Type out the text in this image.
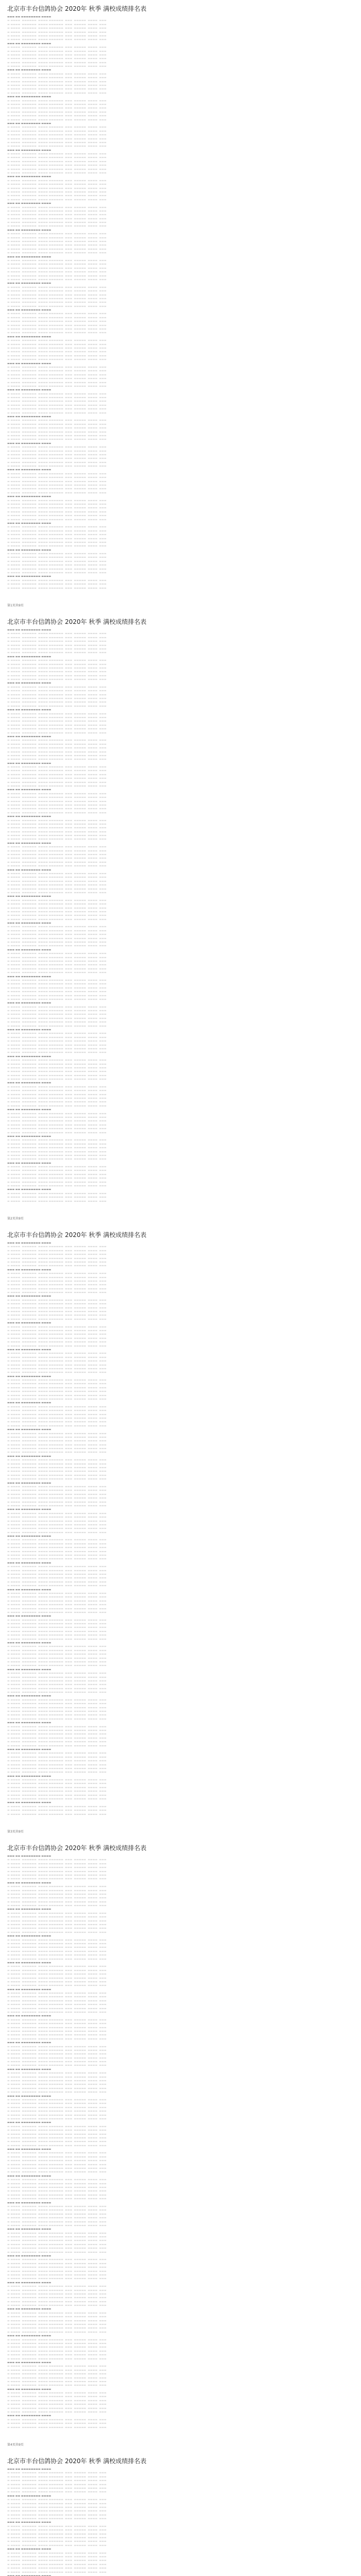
北京市丰台信鸽协会 2020年 秋季 满校成绩排名表
▬▬▬ ▬▬ ▬▬▬▬▬▬▬▬ ▬▬▬▬
▬ ▬▬▬▬  ▬▬▬▬▬▬  ▬▬▬▬ ▬▬▬▬▬▬  ▬▬▬  ▬▬▬▬▬  ▬▬▬▬  ▬▬▬
▬ ▬▬▬▬  ▬▬▬▬▬▬  ▬▬▬▬ ▬▬▬▬▬▬  ▬▬▬  ▬▬▬▬▬  ▬▬▬▬  ▬▬▬
▬ ▬▬▬▬  ▬▬▬▬▬▬  ▬▬▬▬ ▬▬▬▬▬▬  ▬▬▬  ▬▬▬▬▬  ▬▬▬▬  ▬▬▬
▬ ▬▬▬▬  ▬▬▬▬▬▬  ▬▬▬▬ ▬▬▬▬▬▬  ▬▬▬  ▬▬▬▬▬  ▬▬▬▬  ▬▬▬
▬ ▬▬▬▬  ▬▬▬▬▬▬  ▬▬▬▬ ▬▬▬▬▬▬  ▬▬▬  ▬▬▬▬▬  ▬▬▬▬  ▬▬▬
▬ ▬▬▬▬  ▬▬▬▬▬▬  ▬▬▬▬ ▬▬▬▬▬▬  ▬▬▬  ▬▬▬▬▬  ▬▬▬▬  ▬▬▬
▬▬▬ ▬▬ ▬▬▬▬▬▬▬▬ ▬▬▬▬
▬ ▬▬▬▬  ▬▬▬▬▬▬  ▬▬▬▬ ▬▬▬▬▬▬  ▬▬▬  ▬▬▬▬▬  ▬▬▬▬  ▬▬▬
▬ ▬▬▬▬  ▬▬▬▬▬▬  ▬▬▬▬ ▬▬▬▬▬▬  ▬▬▬  ▬▬▬▬▬  ▬▬▬▬  ▬▬▬
▬ ▬▬▬▬  ▬▬▬▬▬▬  ▬▬▬▬ ▬▬▬▬▬▬  ▬▬▬  ▬▬▬▬▬  ▬▬▬▬  ▬▬▬
▬ ▬▬▬▬  ▬▬▬▬▬▬  ▬▬▬▬ ▬▬▬▬▬▬  ▬▬▬  ▬▬▬▬▬  ▬▬▬▬  ▬▬▬
▬ ▬▬▬▬  ▬▬▬▬▬▬  ▬▬▬▬ ▬▬▬▬▬▬  ▬▬▬  ▬▬▬▬▬  ▬▬▬▬  ▬▬▬
▬ ▬▬▬▬  ▬▬▬▬▬▬  ▬▬▬▬ ▬▬▬▬▬▬  ▬▬▬  ▬▬▬▬▬  ▬▬▬▬  ▬▬▬
▬▬▬ ▬▬ ▬▬▬▬▬▬▬▬ ▬▬▬▬
▬ ▬▬▬▬  ▬▬▬▬▬▬  ▬▬▬▬ ▬▬▬▬▬▬  ▬▬▬  ▬▬▬▬▬  ▬▬▬▬  ▬▬▬
▬ ▬▬▬▬  ▬▬▬▬▬▬  ▬▬▬▬ ▬▬▬▬▬▬  ▬▬▬  ▬▬▬▬▬  ▬▬▬▬  ▬▬▬
▬ ▬▬▬▬  ▬▬▬▬▬▬  ▬▬▬▬ ▬▬▬▬▬▬  ▬▬▬  ▬▬▬▬▬  ▬▬▬▬  ▬▬▬
▬ ▬▬▬▬  ▬▬▬▬▬▬  ▬▬▬▬ ▬▬▬▬▬▬  ▬▬▬  ▬▬▬▬▬  ▬▬▬▬  ▬▬▬
▬ ▬▬▬▬  ▬▬▬▬▬▬  ▬▬▬▬ ▬▬▬▬▬▬  ▬▬▬  ▬▬▬▬▬  ▬▬▬▬  ▬▬▬
▬ ▬▬▬▬  ▬▬▬▬▬▬  ▬▬▬▬ ▬▬▬▬▬▬  ▬▬▬  ▬▬▬▬▬  ▬▬▬▬  ▬▬▬
▬▬▬ ▬▬ ▬▬▬▬▬▬▬▬ ▬▬▬▬
▬ ▬▬▬▬  ▬▬▬▬▬▬  ▬▬▬▬ ▬▬▬▬▬▬  ▬▬▬  ▬▬▬▬▬  ▬▬▬▬  ▬▬▬
▬ ▬▬▬▬  ▬▬▬▬▬▬  ▬▬▬▬ ▬▬▬▬▬▬  ▬▬▬  ▬▬▬▬▬  ▬▬▬▬  ▬▬▬
▬ ▬▬▬▬  ▬▬▬▬▬▬  ▬▬▬▬ ▬▬▬▬▬▬  ▬▬▬  ▬▬▬▬▬  ▬▬▬▬  ▬▬▬
▬ ▬▬▬▬  ▬▬▬▬▬▬  ▬▬▬▬ ▬▬▬▬▬▬  ▬▬▬  ▬▬▬▬▬  ▬▬▬▬  ▬▬▬
▬ ▬▬▬▬  ▬▬▬▬▬▬  ▬▬▬▬ ▬▬▬▬▬▬  ▬▬▬  ▬▬▬▬▬  ▬▬▬▬  ▬▬▬
▬ ▬▬▬▬  ▬▬▬▬▬▬  ▬▬▬▬ ▬▬▬▬▬▬  ▬▬▬  ▬▬▬▬▬  ▬▬▬▬  ▬▬▬
▬▬▬ ▬▬ ▬▬▬▬▬▬▬▬ ▬▬▬▬
▬ ▬▬▬▬  ▬▬▬▬▬▬  ▬▬▬▬ ▬▬▬▬▬▬  ▬▬▬  ▬▬▬▬▬  ▬▬▬▬  ▬▬▬
▬ ▬▬▬▬  ▬▬▬▬▬▬  ▬▬▬▬ ▬▬▬▬▬▬  ▬▬▬  ▬▬▬▬▬  ▬▬▬▬  ▬▬▬
▬ ▬▬▬▬  ▬▬▬▬▬▬  ▬▬▬▬ ▬▬▬▬▬▬  ▬▬▬  ▬▬▬▬▬  ▬▬▬▬  ▬▬▬
▬ ▬▬▬▬  ▬▬▬▬▬▬  ▬▬▬▬ ▬▬▬▬▬▬  ▬▬▬  ▬▬▬▬▬  ▬▬▬▬  ▬▬▬
▬ ▬▬▬▬  ▬▬▬▬▬▬  ▬▬▬▬ ▬▬▬▬▬▬  ▬▬▬  ▬▬▬▬▬  ▬▬▬▬  ▬▬▬
▬ ▬▬▬▬  ▬▬▬▬▬▬  ▬▬▬▬ ▬▬▬▬▬▬  ▬▬▬  ▬▬▬▬▬  ▬▬▬▬  ▬▬▬
▬▬▬ ▬▬ ▬▬▬▬▬▬▬▬ ▬▬▬▬
▬ ▬▬▬▬  ▬▬▬▬▬▬  ▬▬▬▬ ▬▬▬▬▬▬  ▬▬▬  ▬▬▬▬▬  ▬▬▬▬  ▬▬▬
▬ ▬▬▬▬  ▬▬▬▬▬▬  ▬▬▬▬ ▬▬▬▬▬▬  ▬▬▬  ▬▬▬▬▬  ▬▬▬▬  ▬▬▬
▬ ▬▬▬▬  ▬▬▬▬▬▬  ▬▬▬▬ ▬▬▬▬▬▬  ▬▬▬  ▬▬▬▬▬  ▬▬▬▬  ▬▬▬
▬ ▬▬▬▬  ▬▬▬▬▬▬  ▬▬▬▬ ▬▬▬▬▬▬  ▬▬▬  ▬▬▬▬▬  ▬▬▬▬  ▬▬▬
▬ ▬▬▬▬  ▬▬▬▬▬▬  ▬▬▬▬ ▬▬▬▬▬▬  ▬▬▬  ▬▬▬▬▬  ▬▬▬▬  ▬▬▬
▬ ▬▬▬▬  ▬▬▬▬▬▬  ▬▬▬▬ ▬▬▬▬▬▬  ▬▬▬  ▬▬▬▬▬  ▬▬▬▬  ▬▬▬
▬▬▬ ▬▬ ▬▬▬▬▬▬▬▬ ▬▬▬▬
▬ ▬▬▬▬  ▬▬▬▬▬▬  ▬▬▬▬ ▬▬▬▬▬▬  ▬▬▬  ▬▬▬▬▬  ▬▬▬▬  ▬▬▬
▬ ▬▬▬▬  ▬▬▬▬▬▬  ▬▬▬▬ ▬▬▬▬▬▬  ▬▬▬  ▬▬▬▬▬  ▬▬▬▬  ▬▬▬
▬ ▬▬▬▬  ▬▬▬▬▬▬  ▬▬▬▬ ▬▬▬▬▬▬  ▬▬▬  ▬▬▬▬▬  ▬▬▬▬  ▬▬▬
▬ ▬▬▬▬  ▬▬▬▬▬▬  ▬▬▬▬ ▬▬▬▬▬▬  ▬▬▬  ▬▬▬▬▬  ▬▬▬▬  ▬▬▬
▬ ▬▬▬▬  ▬▬▬▬▬▬  ▬▬▬▬ ▬▬▬▬▬▬  ▬▬▬  ▬▬▬▬▬  ▬▬▬▬  ▬▬▬
▬ ▬▬▬▬  ▬▬▬▬▬▬  ▬▬▬▬ ▬▬▬▬▬▬  ▬▬▬  ▬▬▬▬▬  ▬▬▬▬  ▬▬▬
▬▬▬ ▬▬ ▬▬▬▬▬▬▬▬ ▬▬▬▬
▬ ▬▬▬▬  ▬▬▬▬▬▬  ▬▬▬▬ ▬▬▬▬▬▬  ▬▬▬  ▬▬▬▬▬  ▬▬▬▬  ▬▬▬
▬ ▬▬▬▬  ▬▬▬▬▬▬  ▬▬▬▬ ▬▬▬▬▬▬  ▬▬▬  ▬▬▬▬▬  ▬▬▬▬  ▬▬▬
▬ ▬▬▬▬  ▬▬▬▬▬▬  ▬▬▬▬ ▬▬▬▬▬▬  ▬▬▬  ▬▬▬▬▬  ▬▬▬▬  ▬▬▬
▬ ▬▬▬▬  ▬▬▬▬▬▬  ▬▬▬▬ ▬▬▬▬▬▬  ▬▬▬  ▬▬▬▬▬  ▬▬▬▬  ▬▬▬
▬ ▬▬▬▬  ▬▬▬▬▬▬  ▬▬▬▬ ▬▬▬▬▬▬  ▬▬▬  ▬▬▬▬▬  ▬▬▬▬  ▬▬▬
▬ ▬▬▬▬  ▬▬▬▬▬▬  ▬▬▬▬ ▬▬▬▬▬▬  ▬▬▬  ▬▬▬▬▬  ▬▬▬▬  ▬▬▬
▬▬▬ ▬▬ ▬▬▬▬▬▬▬▬ ▬▬▬▬
▬ ▬▬▬▬  ▬▬▬▬▬▬  ▬▬▬▬ ▬▬▬▬▬▬  ▬▬▬  ▬▬▬▬▬  ▬▬▬▬  ▬▬▬
▬ ▬▬▬▬  ▬▬▬▬▬▬  ▬▬▬▬ ▬▬▬▬▬▬  ▬▬▬  ▬▬▬▬▬  ▬▬▬▬  ▬▬▬
▬ ▬▬▬▬  ▬▬▬▬▬▬  ▬▬▬▬ ▬▬▬▬▬▬  ▬▬▬  ▬▬▬▬▬  ▬▬▬▬  ▬▬▬
▬ ▬▬▬▬  ▬▬▬▬▬▬  ▬▬▬▬ ▬▬▬▬▬▬  ▬▬▬  ▬▬▬▬▬  ▬▬▬▬  ▬▬▬
▬ ▬▬▬▬  ▬▬▬▬▬▬  ▬▬▬▬ ▬▬▬▬▬▬  ▬▬▬  ▬▬▬▬▬  ▬▬▬▬  ▬▬▬
▬ ▬▬▬▬  ▬▬▬▬▬▬  ▬▬▬▬ ▬▬▬▬▬▬  ▬▬▬  ▬▬▬▬▬  ▬▬▬▬  ▬▬▬
▬▬▬ ▬▬ ▬▬▬▬▬▬▬▬ ▬▬▬▬
▬ ▬▬▬▬  ▬▬▬▬▬▬  ▬▬▬▬ ▬▬▬▬▬▬  ▬▬▬  ▬▬▬▬▬  ▬▬▬▬  ▬▬▬
▬ ▬▬▬▬  ▬▬▬▬▬▬  ▬▬▬▬ ▬▬▬▬▬▬  ▬▬▬  ▬▬▬▬▬  ▬▬▬▬  ▬▬▬
▬ ▬▬▬▬  ▬▬▬▬▬▬  ▬▬▬▬ ▬▬▬▬▬▬  ▬▬▬  ▬▬▬▬▬  ▬▬▬▬  ▬▬▬
▬ ▬▬▬▬  ▬▬▬▬▬▬  ▬▬▬▬ ▬▬▬▬▬▬  ▬▬▬  ▬▬▬▬▬  ▬▬▬▬  ▬▬▬
▬ ▬▬▬▬  ▬▬▬▬▬▬  ▬▬▬▬ ▬▬▬▬▬▬  ▬▬▬  ▬▬▬▬▬  ▬▬▬▬  ▬▬▬
▬ ▬▬▬▬  ▬▬▬▬▬▬  ▬▬▬▬ ▬▬▬▬▬▬  ▬▬▬  ▬▬▬▬▬  ▬▬▬▬  ▬▬▬
▬▬▬ ▬▬ ▬▬▬▬▬▬▬▬ ▬▬▬▬
▬ ▬▬▬▬  ▬▬▬▬▬▬  ▬▬▬▬ ▬▬▬▬▬▬  ▬▬▬  ▬▬▬▬▬  ▬▬▬▬  ▬▬▬
▬ ▬▬▬▬  ▬▬▬▬▬▬  ▬▬▬▬ ▬▬▬▬▬▬  ▬▬▬  ▬▬▬▬▬  ▬▬▬▬  ▬▬▬
▬ ▬▬▬▬  ▬▬▬▬▬▬  ▬▬▬▬ ▬▬▬▬▬▬  ▬▬▬  ▬▬▬▬▬  ▬▬▬▬  ▬▬▬
▬ ▬▬▬▬  ▬▬▬▬▬▬  ▬▬▬▬ ▬▬▬▬▬▬  ▬▬▬  ▬▬▬▬▬  ▬▬▬▬  ▬▬▬
▬ ▬▬▬▬  ▬▬▬▬▬▬  ▬▬▬▬ ▬▬▬▬▬▬  ▬▬▬  ▬▬▬▬▬  ▬▬▬▬  ▬▬▬
▬ ▬▬▬▬  ▬▬▬▬▬▬  ▬▬▬▬ ▬▬▬▬▬▬  ▬▬▬  ▬▬▬▬▬  ▬▬▬▬  ▬▬▬
▬▬▬ ▬▬ ▬▬▬▬▬▬▬▬ ▬▬▬▬
▬ ▬▬▬▬  ▬▬▬▬▬▬  ▬▬▬▬ ▬▬▬▬▬▬  ▬▬▬  ▬▬▬▬▬  ▬▬▬▬  ▬▬▬
▬ ▬▬▬▬  ▬▬▬▬▬▬  ▬▬▬▬ ▬▬▬▬▬▬  ▬▬▬  ▬▬▬▬▬  ▬▬▬▬  ▬▬▬
▬ ▬▬▬▬  ▬▬▬▬▬▬  ▬▬▬▬ ▬▬▬▬▬▬  ▬▬▬  ▬▬▬▬▬  ▬▬▬▬  ▬▬▬
▬ ▬▬▬▬  ▬▬▬▬▬▬  ▬▬▬▬ ▬▬▬▬▬▬  ▬▬▬  ▬▬▬▬▬  ▬▬▬▬  ▬▬▬
▬ ▬▬▬▬  ▬▬▬▬▬▬  ▬▬▬▬ ▬▬▬▬▬▬  ▬▬▬  ▬▬▬▬▬  ▬▬▬▬  ▬▬▬
▬ ▬▬▬▬  ▬▬▬▬▬▬  ▬▬▬▬ ▬▬▬▬▬▬  ▬▬▬  ▬▬▬▬▬  ▬▬▬▬  ▬▬▬
▬▬▬ ▬▬ ▬▬▬▬▬▬▬▬ ▬▬▬▬
▬ ▬▬▬▬  ▬▬▬▬▬▬  ▬▬▬▬ ▬▬▬▬▬▬  ▬▬▬  ▬▬▬▬▬  ▬▬▬▬  ▬▬▬
▬ ▬▬▬▬  ▬▬▬▬▬▬  ▬▬▬▬ ▬▬▬▬▬▬  ▬▬▬  ▬▬▬▬▬  ▬▬▬▬  ▬▬▬
▬ ▬▬▬▬  ▬▬▬▬▬▬  ▬▬▬▬ ▬▬▬▬▬▬  ▬▬▬  ▬▬▬▬▬  ▬▬▬▬  ▬▬▬
▬ ▬▬▬▬  ▬▬▬▬▬▬  ▬▬▬▬ ▬▬▬▬▬▬  ▬▬▬  ▬▬▬▬▬  ▬▬▬▬  ▬▬▬
▬ ▬▬▬▬  ▬▬▬▬▬▬  ▬▬▬▬ ▬▬▬▬▬▬  ▬▬▬  ▬▬▬▬▬  ▬▬▬▬  ▬▬▬
▬ ▬▬▬▬  ▬▬▬▬▬▬  ▬▬▬▬ ▬▬▬▬▬▬  ▬▬▬  ▬▬▬▬▬  ▬▬▬▬  ▬▬▬
▬▬▬ ▬▬ ▬▬▬▬▬▬▬▬ ▬▬▬▬
▬ ▬▬▬▬  ▬▬▬▬▬▬  ▬▬▬▬ ▬▬▬▬▬▬  ▬▬▬  ▬▬▬▬▬  ▬▬▬▬  ▬▬▬
▬ ▬▬▬▬  ▬▬▬▬▬▬  ▬▬▬▬ ▬▬▬▬▬▬  ▬▬▬  ▬▬▬▬▬  ▬▬▬▬  ▬▬▬
▬ ▬▬▬▬  ▬▬▬▬▬▬  ▬▬▬▬ ▬▬▬▬▬▬  ▬▬▬  ▬▬▬▬▬  ▬▬▬▬  ▬▬▬
▬ ▬▬▬▬  ▬▬▬▬▬▬  ▬▬▬▬ ▬▬▬▬▬▬  ▬▬▬  ▬▬▬▬▬  ▬▬▬▬  ▬▬▬
▬ ▬▬▬▬  ▬▬▬▬▬▬  ▬▬▬▬ ▬▬▬▬▬▬  ▬▬▬  ▬▬▬▬▬  ▬▬▬▬  ▬▬▬
▬ ▬▬▬▬  ▬▬▬▬▬▬  ▬▬▬▬ ▬▬▬▬▬▬  ▬▬▬  ▬▬▬▬▬  ▬▬▬▬  ▬▬▬
▬▬▬ ▬▬ ▬▬▬▬▬▬▬▬ ▬▬▬▬
▬ ▬▬▬▬  ▬▬▬▬▬▬  ▬▬▬▬ ▬▬▬▬▬▬  ▬▬▬  ▬▬▬▬▬  ▬▬▬▬  ▬▬▬
▬ ▬▬▬▬  ▬▬▬▬▬▬  ▬▬▬▬ ▬▬▬▬▬▬  ▬▬▬  ▬▬▬▬▬  ▬▬▬▬  ▬▬▬
▬ ▬▬▬▬  ▬▬▬▬▬▬  ▬▬▬▬ ▬▬▬▬▬▬  ▬▬▬  ▬▬▬▬▬  ▬▬▬▬  ▬▬▬
▬ ▬▬▬▬  ▬▬▬▬▬▬  ▬▬▬▬ ▬▬▬▬▬▬  ▬▬▬  ▬▬▬▬▬  ▬▬▬▬  ▬▬▬
▬ ▬▬▬▬  ▬▬▬▬▬▬  ▬▬▬▬ ▬▬▬▬▬▬  ▬▬▬  ▬▬▬▬▬  ▬▬▬▬  ▬▬▬
▬ ▬▬▬▬  ▬▬▬▬▬▬  ▬▬▬▬ ▬▬▬▬▬▬  ▬▬▬  ▬▬▬▬▬  ▬▬▬▬  ▬▬▬
▬▬▬ ▬▬ ▬▬▬▬▬▬▬▬ ▬▬▬▬
▬ ▬▬▬▬  ▬▬▬▬▬▬  ▬▬▬▬ ▬▬▬▬▬▬  ▬▬▬  ▬▬▬▬▬  ▬▬▬▬  ▬▬▬
▬ ▬▬▬▬  ▬▬▬▬▬▬  ▬▬▬▬ ▬▬▬▬▬▬  ▬▬▬  ▬▬▬▬▬  ▬▬▬▬  ▬▬▬
▬ ▬▬▬▬  ▬▬▬▬▬▬  ▬▬▬▬ ▬▬▬▬▬▬  ▬▬▬  ▬▬▬▬▬  ▬▬▬▬  ▬▬▬
▬ ▬▬▬▬  ▬▬▬▬▬▬  ▬▬▬▬ ▬▬▬▬▬▬  ▬▬▬  ▬▬▬▬▬  ▬▬▬▬  ▬▬▬
▬ ▬▬▬▬  ▬▬▬▬▬▬  ▬▬▬▬ ▬▬▬▬▬▬  ▬▬▬  ▬▬▬▬▬  ▬▬▬▬  ▬▬▬
▬ ▬▬▬▬  ▬▬▬▬▬▬  ▬▬▬▬ ▬▬▬▬▬▬  ▬▬▬  ▬▬▬▬▬  ▬▬▬▬  ▬▬▬
▬▬▬ ▬▬ ▬▬▬▬▬▬▬▬ ▬▬▬▬
▬ ▬▬▬▬  ▬▬▬▬▬▬  ▬▬▬▬ ▬▬▬▬▬▬  ▬▬▬  ▬▬▬▬▬  ▬▬▬▬  ▬▬▬
▬ ▬▬▬▬  ▬▬▬▬▬▬  ▬▬▬▬ ▬▬▬▬▬▬  ▬▬▬  ▬▬▬▬▬  ▬▬▬▬  ▬▬▬
▬ ▬▬▬▬  ▬▬▬▬▬▬  ▬▬▬▬ ▬▬▬▬▬▬  ▬▬▬  ▬▬▬▬▬  ▬▬▬▬  ▬▬▬
▬ ▬▬▬▬  ▬▬▬▬▬▬  ▬▬▬▬ ▬▬▬▬▬▬  ▬▬▬  ▬▬▬▬▬  ▬▬▬▬  ▬▬▬
▬ ▬▬▬▬  ▬▬▬▬▬▬  ▬▬▬▬ ▬▬▬▬▬▬  ▬▬▬  ▬▬▬▬▬  ▬▬▬▬  ▬▬▬
▬ ▬▬▬▬  ▬▬▬▬▬▬  ▬▬▬▬ ▬▬▬▬▬▬  ▬▬▬  ▬▬▬▬▬  ▬▬▬▬  ▬▬▬
▬▬▬ ▬▬ ▬▬▬▬▬▬▬▬ ▬▬▬▬
▬ ▬▬▬▬  ▬▬▬▬▬▬  ▬▬▬▬ ▬▬▬▬▬▬  ▬▬▬  ▬▬▬▬▬  ▬▬▬▬  ▬▬▬
▬ ▬▬▬▬  ▬▬▬▬▬▬  ▬▬▬▬ ▬▬▬▬▬▬  ▬▬▬  ▬▬▬▬▬  ▬▬▬▬  ▬▬▬
▬ ▬▬▬▬  ▬▬▬▬▬▬  ▬▬▬▬ ▬▬▬▬▬▬  ▬▬▬  ▬▬▬▬▬  ▬▬▬▬  ▬▬▬
▬ ▬▬▬▬  ▬▬▬▬▬▬  ▬▬▬▬ ▬▬▬▬▬▬  ▬▬▬  ▬▬▬▬▬  ▬▬▬▬  ▬▬▬
▬ ▬▬▬▬  ▬▬▬▬▬▬  ▬▬▬▬ ▬▬▬▬▬▬  ▬▬▬  ▬▬▬▬▬  ▬▬▬▬  ▬▬▬
▬ ▬▬▬▬  ▬▬▬▬▬▬  ▬▬▬▬ ▬▬▬▬▬▬  ▬▬▬  ▬▬▬▬▬  ▬▬▬▬  ▬▬▬
▬▬▬ ▬▬ ▬▬▬▬▬▬▬▬ ▬▬▬▬
▬ ▬▬▬▬  ▬▬▬▬▬▬  ▬▬▬▬ ▬▬▬▬▬▬  ▬▬▬  ▬▬▬▬▬  ▬▬▬▬  ▬▬▬
▬ ▬▬▬▬  ▬▬▬▬▬▬  ▬▬▬▬ ▬▬▬▬▬▬  ▬▬▬  ▬▬▬▬▬  ▬▬▬▬  ▬▬▬
▬ ▬▬▬▬  ▬▬▬▬▬▬  ▬▬▬▬ ▬▬▬▬▬▬  ▬▬▬  ▬▬▬▬▬  ▬▬▬▬  ▬▬▬
▬ ▬▬▬▬  ▬▬▬▬▬▬  ▬▬▬▬ ▬▬▬▬▬▬  ▬▬▬  ▬▬▬▬▬  ▬▬▬▬  ▬▬▬
▬ ▬▬▬▬  ▬▬▬▬▬▬  ▬▬▬▬ ▬▬▬▬▬▬  ▬▬▬  ▬▬▬▬▬  ▬▬▬▬  ▬▬▬
▬ ▬▬▬▬  ▬▬▬▬▬▬  ▬▬▬▬ ▬▬▬▬▬▬  ▬▬▬  ▬▬▬▬▬  ▬▬▬▬  ▬▬▬
▬▬▬ ▬▬ ▬▬▬▬▬▬▬▬ ▬▬▬▬
▬ ▬▬▬▬  ▬▬▬▬▬▬  ▬▬▬▬ ▬▬▬▬▬▬  ▬▬▬  ▬▬▬▬▬  ▬▬▬▬  ▬▬▬
▬ ▬▬▬▬  ▬▬▬▬▬▬  ▬▬▬▬ ▬▬▬▬▬▬  ▬▬▬  ▬▬▬▬▬  ▬▬▬▬  ▬▬▬
▬ ▬▬▬▬  ▬▬▬▬▬▬  ▬▬▬▬ ▬▬▬▬▬▬  ▬▬▬  ▬▬▬▬▬  ▬▬▬▬  ▬▬▬
▬ ▬▬▬▬  ▬▬▬▬▬▬  ▬▬▬▬ ▬▬▬▬▬▬  ▬▬▬  ▬▬▬▬▬  ▬▬▬▬  ▬▬▬
▬ ▬▬▬▬  ▬▬▬▬▬▬  ▬▬▬▬ ▬▬▬▬▬▬  ▬▬▬  ▬▬▬▬▬  ▬▬▬▬  ▬▬▬
▬ ▬▬▬▬  ▬▬▬▬▬▬  ▬▬▬▬ ▬▬▬▬▬▬  ▬▬▬  ▬▬▬▬▬  ▬▬▬▬  ▬▬▬
▬▬▬ ▬▬ ▬▬▬▬▬▬▬▬ ▬▬▬▬
▬ ▬▬▬▬  ▬▬▬▬▬▬  ▬▬▬▬ ▬▬▬▬▬▬  ▬▬▬  ▬▬▬▬▬  ▬▬▬▬  ▬▬▬
▬ ▬▬▬▬  ▬▬▬▬▬▬  ▬▬▬▬ ▬▬▬▬▬▬  ▬▬▬  ▬▬▬▬▬  ▬▬▬▬  ▬▬▬
▬ ▬▬▬▬  ▬▬▬▬▬▬  ▬▬▬▬ ▬▬▬▬▬▬  ▬▬▬  ▬▬▬▬▬  ▬▬▬▬  ▬▬▬
▬ ▬▬▬▬  ▬▬▬▬▬▬  ▬▬▬▬ ▬▬▬▬▬▬  ▬▬▬  ▬▬▬▬▬  ▬▬▬▬  ▬▬▬
▬ ▬▬▬▬  ▬▬▬▬▬▬  ▬▬▬▬ ▬▬▬▬▬▬  ▬▬▬  ▬▬▬▬▬  ▬▬▬▬  ▬▬▬
▬ ▬▬▬▬  ▬▬▬▬▬▬  ▬▬▬▬ ▬▬▬▬▬▬  ▬▬▬  ▬▬▬▬▬  ▬▬▬▬  ▬▬▬
▬▬▬ ▬▬ ▬▬▬▬▬▬▬▬ ▬▬▬▬
▬ ▬▬▬▬  ▬▬▬▬▬▬  ▬▬▬▬ ▬▬▬▬▬▬  ▬▬▬  ▬▬▬▬▬  ▬▬▬▬  ▬▬▬
▬ ▬▬▬▬  ▬▬▬▬▬▬  ▬▬▬▬ ▬▬▬▬▬▬  ▬▬▬  ▬▬▬▬▬  ▬▬▬▬  ▬▬▬
▬ ▬▬▬▬  ▬▬▬▬▬▬  ▬▬▬▬ ▬▬▬▬▬▬  ▬▬▬  ▬▬▬▬▬  ▬▬▬▬  ▬▬▬
第1页共9页
北京市丰台信鸽协会 2020年 秋季 满校成绩排名表
▬▬▬ ▬▬ ▬▬▬▬▬▬▬▬ ▬▬▬▬
▬ ▬▬▬▬  ▬▬▬▬▬▬  ▬▬▬▬ ▬▬▬▬▬▬  ▬▬▬  ▬▬▬▬▬  ▬▬▬▬  ▬▬▬
▬ ▬▬▬▬  ▬▬▬▬▬▬  ▬▬▬▬ ▬▬▬▬▬▬  ▬▬▬  ▬▬▬▬▬  ▬▬▬▬  ▬▬▬
▬ ▬▬▬▬  ▬▬▬▬▬▬  ▬▬▬▬ ▬▬▬▬▬▬  ▬▬▬  ▬▬▬▬▬  ▬▬▬▬  ▬▬▬
▬ ▬▬▬▬  ▬▬▬▬▬▬  ▬▬▬▬ ▬▬▬▬▬▬  ▬▬▬  ▬▬▬▬▬  ▬▬▬▬  ▬▬▬
▬ ▬▬▬▬  ▬▬▬▬▬▬  ▬▬▬▬ ▬▬▬▬▬▬  ▬▬▬  ▬▬▬▬▬  ▬▬▬▬  ▬▬▬
▬ ▬▬▬▬  ▬▬▬▬▬▬  ▬▬▬▬ ▬▬▬▬▬▬  ▬▬▬  ▬▬▬▬▬  ▬▬▬▬  ▬▬▬
▬▬▬ ▬▬ ▬▬▬▬▬▬▬▬ ▬▬▬▬
▬ ▬▬▬▬  ▬▬▬▬▬▬  ▬▬▬▬ ▬▬▬▬▬▬  ▬▬▬  ▬▬▬▬▬  ▬▬▬▬  ▬▬▬
▬ ▬▬▬▬  ▬▬▬▬▬▬  ▬▬▬▬ ▬▬▬▬▬▬  ▬▬▬  ▬▬▬▬▬  ▬▬▬▬  ▬▬▬
▬ ▬▬▬▬  ▬▬▬▬▬▬  ▬▬▬▬ ▬▬▬▬▬▬  ▬▬▬  ▬▬▬▬▬  ▬▬▬▬  ▬▬▬
▬ ▬▬▬▬  ▬▬▬▬▬▬  ▬▬▬▬ ▬▬▬▬▬▬  ▬▬▬  ▬▬▬▬▬  ▬▬▬▬  ▬▬▬
▬ ▬▬▬▬  ▬▬▬▬▬▬  ▬▬▬▬ ▬▬▬▬▬▬  ▬▬▬  ▬▬▬▬▬  ▬▬▬▬  ▬▬▬
▬ ▬▬▬▬  ▬▬▬▬▬▬  ▬▬▬▬ ▬▬▬▬▬▬  ▬▬▬  ▬▬▬▬▬  ▬▬▬▬  ▬▬▬
▬▬▬ ▬▬ ▬▬▬▬▬▬▬▬ ▬▬▬▬
▬ ▬▬▬▬  ▬▬▬▬▬▬  ▬▬▬▬ ▬▬▬▬▬▬  ▬▬▬  ▬▬▬▬▬  ▬▬▬▬  ▬▬▬
▬ ▬▬▬▬  ▬▬▬▬▬▬  ▬▬▬▬ ▬▬▬▬▬▬  ▬▬▬  ▬▬▬▬▬  ▬▬▬▬  ▬▬▬
▬ ▬▬▬▬  ▬▬▬▬▬▬  ▬▬▬▬ ▬▬▬▬▬▬  ▬▬▬  ▬▬▬▬▬  ▬▬▬▬  ▬▬▬
▬ ▬▬▬▬  ▬▬▬▬▬▬  ▬▬▬▬ ▬▬▬▬▬▬  ▬▬▬  ▬▬▬▬▬  ▬▬▬▬  ▬▬▬
▬ ▬▬▬▬  ▬▬▬▬▬▬  ▬▬▬▬ ▬▬▬▬▬▬  ▬▬▬  ▬▬▬▬▬  ▬▬▬▬  ▬▬▬
▬ ▬▬▬▬  ▬▬▬▬▬▬  ▬▬▬▬ ▬▬▬▬▬▬  ▬▬▬  ▬▬▬▬▬  ▬▬▬▬  ▬▬▬
▬▬▬ ▬▬ ▬▬▬▬▬▬▬▬ ▬▬▬▬
▬ ▬▬▬▬  ▬▬▬▬▬▬  ▬▬▬▬ ▬▬▬▬▬▬  ▬▬▬  ▬▬▬▬▬  ▬▬▬▬  ▬▬▬
▬ ▬▬▬▬  ▬▬▬▬▬▬  ▬▬▬▬ ▬▬▬▬▬▬  ▬▬▬  ▬▬▬▬▬  ▬▬▬▬  ▬▬▬
▬ ▬▬▬▬  ▬▬▬▬▬▬  ▬▬▬▬ ▬▬▬▬▬▬  ▬▬▬  ▬▬▬▬▬  ▬▬▬▬  ▬▬▬
▬ ▬▬▬▬  ▬▬▬▬▬▬  ▬▬▬▬ ▬▬▬▬▬▬  ▬▬▬  ▬▬▬▬▬  ▬▬▬▬  ▬▬▬
▬ ▬▬▬▬  ▬▬▬▬▬▬  ▬▬▬▬ ▬▬▬▬▬▬  ▬▬▬  ▬▬▬▬▬  ▬▬▬▬  ▬▬▬
▬ ▬▬▬▬  ▬▬▬▬▬▬  ▬▬▬▬ ▬▬▬▬▬▬  ▬▬▬  ▬▬▬▬▬  ▬▬▬▬  ▬▬▬
▬▬▬ ▬▬ ▬▬▬▬▬▬▬▬ ▬▬▬▬
▬ ▬▬▬▬  ▬▬▬▬▬▬  ▬▬▬▬ ▬▬▬▬▬▬  ▬▬▬  ▬▬▬▬▬  ▬▬▬▬  ▬▬▬
▬ ▬▬▬▬  ▬▬▬▬▬▬  ▬▬▬▬ ▬▬▬▬▬▬  ▬▬▬  ▬▬▬▬▬  ▬▬▬▬  ▬▬▬
▬ ▬▬▬▬  ▬▬▬▬▬▬  ▬▬▬▬ ▬▬▬▬▬▬  ▬▬▬  ▬▬▬▬▬  ▬▬▬▬  ▬▬▬
▬ ▬▬▬▬  ▬▬▬▬▬▬  ▬▬▬▬ ▬▬▬▬▬▬  ▬▬▬  ▬▬▬▬▬  ▬▬▬▬  ▬▬▬
▬ ▬▬▬▬  ▬▬▬▬▬▬  ▬▬▬▬ ▬▬▬▬▬▬  ▬▬▬  ▬▬▬▬▬  ▬▬▬▬  ▬▬▬
▬ ▬▬▬▬  ▬▬▬▬▬▬  ▬▬▬▬ ▬▬▬▬▬▬  ▬▬▬  ▬▬▬▬▬  ▬▬▬▬  ▬▬▬
▬▬▬ ▬▬ ▬▬▬▬▬▬▬▬ ▬▬▬▬
▬ ▬▬▬▬  ▬▬▬▬▬▬  ▬▬▬▬ ▬▬▬▬▬▬  ▬▬▬  ▬▬▬▬▬  ▬▬▬▬  ▬▬▬
▬ ▬▬▬▬  ▬▬▬▬▬▬  ▬▬▬▬ ▬▬▬▬▬▬  ▬▬▬  ▬▬▬▬▬  ▬▬▬▬  ▬▬▬
▬ ▬▬▬▬  ▬▬▬▬▬▬  ▬▬▬▬ ▬▬▬▬▬▬  ▬▬▬  ▬▬▬▬▬  ▬▬▬▬  ▬▬▬
▬ ▬▬▬▬  ▬▬▬▬▬▬  ▬▬▬▬ ▬▬▬▬▬▬  ▬▬▬  ▬▬▬▬▬  ▬▬▬▬  ▬▬▬
▬ ▬▬▬▬  ▬▬▬▬▬▬  ▬▬▬▬ ▬▬▬▬▬▬  ▬▬▬  ▬▬▬▬▬  ▬▬▬▬  ▬▬▬
▬ ▬▬▬▬  ▬▬▬▬▬▬  ▬▬▬▬ ▬▬▬▬▬▬  ▬▬▬  ▬▬▬▬▬  ▬▬▬▬  ▬▬▬
▬▬▬ ▬▬ ▬▬▬▬▬▬▬▬ ▬▬▬▬
▬ ▬▬▬▬  ▬▬▬▬▬▬  ▬▬▬▬ ▬▬▬▬▬▬  ▬▬▬  ▬▬▬▬▬  ▬▬▬▬  ▬▬▬
▬ ▬▬▬▬  ▬▬▬▬▬▬  ▬▬▬▬ ▬▬▬▬▬▬  ▬▬▬  ▬▬▬▬▬  ▬▬▬▬  ▬▬▬
▬ ▬▬▬▬  ▬▬▬▬▬▬  ▬▬▬▬ ▬▬▬▬▬▬  ▬▬▬  ▬▬▬▬▬  ▬▬▬▬  ▬▬▬
▬ ▬▬▬▬  ▬▬▬▬▬▬  ▬▬▬▬ ▬▬▬▬▬▬  ▬▬▬  ▬▬▬▬▬  ▬▬▬▬  ▬▬▬
▬ ▬▬▬▬  ▬▬▬▬▬▬  ▬▬▬▬ ▬▬▬▬▬▬  ▬▬▬  ▬▬▬▬▬  ▬▬▬▬  ▬▬▬
▬ ▬▬▬▬  ▬▬▬▬▬▬  ▬▬▬▬ ▬▬▬▬▬▬  ▬▬▬  ▬▬▬▬▬  ▬▬▬▬  ▬▬▬
▬▬▬ ▬▬ ▬▬▬▬▬▬▬▬ ▬▬▬▬
▬ ▬▬▬▬  ▬▬▬▬▬▬  ▬▬▬▬ ▬▬▬▬▬▬  ▬▬▬  ▬▬▬▬▬  ▬▬▬▬  ▬▬▬
▬ ▬▬▬▬  ▬▬▬▬▬▬  ▬▬▬▬ ▬▬▬▬▬▬  ▬▬▬  ▬▬▬▬▬  ▬▬▬▬  ▬▬▬
▬ ▬▬▬▬  ▬▬▬▬▬▬  ▬▬▬▬ ▬▬▬▬▬▬  ▬▬▬  ▬▬▬▬▬  ▬▬▬▬  ▬▬▬
▬ ▬▬▬▬  ▬▬▬▬▬▬  ▬▬▬▬ ▬▬▬▬▬▬  ▬▬▬  ▬▬▬▬▬  ▬▬▬▬  ▬▬▬
▬ ▬▬▬▬  ▬▬▬▬▬▬  ▬▬▬▬ ▬▬▬▬▬▬  ▬▬▬  ▬▬▬▬▬  ▬▬▬▬  ▬▬▬
▬ ▬▬▬▬  ▬▬▬▬▬▬  ▬▬▬▬ ▬▬▬▬▬▬  ▬▬▬  ▬▬▬▬▬  ▬▬▬▬  ▬▬▬
▬▬▬ ▬▬ ▬▬▬▬▬▬▬▬ ▬▬▬▬
▬ ▬▬▬▬  ▬▬▬▬▬▬  ▬▬▬▬ ▬▬▬▬▬▬  ▬▬▬  ▬▬▬▬▬  ▬▬▬▬  ▬▬▬
▬ ▬▬▬▬  ▬▬▬▬▬▬  ▬▬▬▬ ▬▬▬▬▬▬  ▬▬▬  ▬▬▬▬▬  ▬▬▬▬  ▬▬▬
▬ ▬▬▬▬  ▬▬▬▬▬▬  ▬▬▬▬ ▬▬▬▬▬▬  ▬▬▬  ▬▬▬▬▬  ▬▬▬▬  ▬▬▬
▬ ▬▬▬▬  ▬▬▬▬▬▬  ▬▬▬▬ ▬▬▬▬▬▬  ▬▬▬  ▬▬▬▬▬  ▬▬▬▬  ▬▬▬
▬ ▬▬▬▬  ▬▬▬▬▬▬  ▬▬▬▬ ▬▬▬▬▬▬  ▬▬▬  ▬▬▬▬▬  ▬▬▬▬  ▬▬▬
▬ ▬▬▬▬  ▬▬▬▬▬▬  ▬▬▬▬ ▬▬▬▬▬▬  ▬▬▬  ▬▬▬▬▬  ▬▬▬▬  ▬▬▬
▬▬▬ ▬▬ ▬▬▬▬▬▬▬▬ ▬▬▬▬
▬ ▬▬▬▬  ▬▬▬▬▬▬  ▬▬▬▬ ▬▬▬▬▬▬  ▬▬▬  ▬▬▬▬▬  ▬▬▬▬  ▬▬▬
▬ ▬▬▬▬  ▬▬▬▬▬▬  ▬▬▬▬ ▬▬▬▬▬▬  ▬▬▬  ▬▬▬▬▬  ▬▬▬▬  ▬▬▬
▬ ▬▬▬▬  ▬▬▬▬▬▬  ▬▬▬▬ ▬▬▬▬▬▬  ▬▬▬  ▬▬▬▬▬  ▬▬▬▬  ▬▬▬
▬ ▬▬▬▬  ▬▬▬▬▬▬  ▬▬▬▬ ▬▬▬▬▬▬  ▬▬▬  ▬▬▬▬▬  ▬▬▬▬  ▬▬▬
▬ ▬▬▬▬  ▬▬▬▬▬▬  ▬▬▬▬ ▬▬▬▬▬▬  ▬▬▬  ▬▬▬▬▬  ▬▬▬▬  ▬▬▬
▬ ▬▬▬▬  ▬▬▬▬▬▬  ▬▬▬▬ ▬▬▬▬▬▬  ▬▬▬  ▬▬▬▬▬  ▬▬▬▬  ▬▬▬
▬▬▬ ▬▬ ▬▬▬▬▬▬▬▬ ▬▬▬▬
▬ ▬▬▬▬  ▬▬▬▬▬▬  ▬▬▬▬ ▬▬▬▬▬▬  ▬▬▬  ▬▬▬▬▬  ▬▬▬▬  ▬▬▬
▬ ▬▬▬▬  ▬▬▬▬▬▬  ▬▬▬▬ ▬▬▬▬▬▬  ▬▬▬  ▬▬▬▬▬  ▬▬▬▬  ▬▬▬
▬ ▬▬▬▬  ▬▬▬▬▬▬  ▬▬▬▬ ▬▬▬▬▬▬  ▬▬▬  ▬▬▬▬▬  ▬▬▬▬  ▬▬▬
▬ ▬▬▬▬  ▬▬▬▬▬▬  ▬▬▬▬ ▬▬▬▬▬▬  ▬▬▬  ▬▬▬▬▬  ▬▬▬▬  ▬▬▬
▬ ▬▬▬▬  ▬▬▬▬▬▬  ▬▬▬▬ ▬▬▬▬▬▬  ▬▬▬  ▬▬▬▬▬  ▬▬▬▬  ▬▬▬
▬ ▬▬▬▬  ▬▬▬▬▬▬  ▬▬▬▬ ▬▬▬▬▬▬  ▬▬▬  ▬▬▬▬▬  ▬▬▬▬  ▬▬▬
▬▬▬ ▬▬ ▬▬▬▬▬▬▬▬ ▬▬▬▬
▬ ▬▬▬▬  ▬▬▬▬▬▬  ▬▬▬▬ ▬▬▬▬▬▬  ▬▬▬  ▬▬▬▬▬  ▬▬▬▬  ▬▬▬
▬ ▬▬▬▬  ▬▬▬▬▬▬  ▬▬▬▬ ▬▬▬▬▬▬  ▬▬▬  ▬▬▬▬▬  ▬▬▬▬  ▬▬▬
▬ ▬▬▬▬  ▬▬▬▬▬▬  ▬▬▬▬ ▬▬▬▬▬▬  ▬▬▬  ▬▬▬▬▬  ▬▬▬▬  ▬▬▬
▬ ▬▬▬▬  ▬▬▬▬▬▬  ▬▬▬▬ ▬▬▬▬▬▬  ▬▬▬  ▬▬▬▬▬  ▬▬▬▬  ▬▬▬
▬ ▬▬▬▬  ▬▬▬▬▬▬  ▬▬▬▬ ▬▬▬▬▬▬  ▬▬▬  ▬▬▬▬▬  ▬▬▬▬  ▬▬▬
▬ ▬▬▬▬  ▬▬▬▬▬▬  ▬▬▬▬ ▬▬▬▬▬▬  ▬▬▬  ▬▬▬▬▬  ▬▬▬▬  ▬▬▬
▬▬▬ ▬▬ ▬▬▬▬▬▬▬▬ ▬▬▬▬
▬ ▬▬▬▬  ▬▬▬▬▬▬  ▬▬▬▬ ▬▬▬▬▬▬  ▬▬▬  ▬▬▬▬▬  ▬▬▬▬  ▬▬▬
▬ ▬▬▬▬  ▬▬▬▬▬▬  ▬▬▬▬ ▬▬▬▬▬▬  ▬▬▬  ▬▬▬▬▬  ▬▬▬▬  ▬▬▬
▬ ▬▬▬▬  ▬▬▬▬▬▬  ▬▬▬▬ ▬▬▬▬▬▬  ▬▬▬  ▬▬▬▬▬  ▬▬▬▬  ▬▬▬
▬ ▬▬▬▬  ▬▬▬▬▬▬  ▬▬▬▬ ▬▬▬▬▬▬  ▬▬▬  ▬▬▬▬▬  ▬▬▬▬  ▬▬▬
▬ ▬▬▬▬  ▬▬▬▬▬▬  ▬▬▬▬ ▬▬▬▬▬▬  ▬▬▬  ▬▬▬▬▬  ▬▬▬▬  ▬▬▬
▬ ▬▬▬▬  ▬▬▬▬▬▬  ▬▬▬▬ ▬▬▬▬▬▬  ▬▬▬  ▬▬▬▬▬  ▬▬▬▬  ▬▬▬
▬▬▬ ▬▬ ▬▬▬▬▬▬▬▬ ▬▬▬▬
▬ ▬▬▬▬  ▬▬▬▬▬▬  ▬▬▬▬ ▬▬▬▬▬▬  ▬▬▬  ▬▬▬▬▬  ▬▬▬▬  ▬▬▬
▬ ▬▬▬▬  ▬▬▬▬▬▬  ▬▬▬▬ ▬▬▬▬▬▬  ▬▬▬  ▬▬▬▬▬  ▬▬▬▬  ▬▬▬
▬ ▬▬▬▬  ▬▬▬▬▬▬  ▬▬▬▬ ▬▬▬▬▬▬  ▬▬▬  ▬▬▬▬▬  ▬▬▬▬  ▬▬▬
▬ ▬▬▬▬  ▬▬▬▬▬▬  ▬▬▬▬ ▬▬▬▬▬▬  ▬▬▬  ▬▬▬▬▬  ▬▬▬▬  ▬▬▬
▬ ▬▬▬▬  ▬▬▬▬▬▬  ▬▬▬▬ ▬▬▬▬▬▬  ▬▬▬  ▬▬▬▬▬  ▬▬▬▬  ▬▬▬
▬ ▬▬▬▬  ▬▬▬▬▬▬  ▬▬▬▬ ▬▬▬▬▬▬  ▬▬▬  ▬▬▬▬▬  ▬▬▬▬  ▬▬▬
▬▬▬ ▬▬ ▬▬▬▬▬▬▬▬ ▬▬▬▬
▬ ▬▬▬▬  ▬▬▬▬▬▬  ▬▬▬▬ ▬▬▬▬▬▬  ▬▬▬  ▬▬▬▬▬  ▬▬▬▬  ▬▬▬
▬ ▬▬▬▬  ▬▬▬▬▬▬  ▬▬▬▬ ▬▬▬▬▬▬  ▬▬▬  ▬▬▬▬▬  ▬▬▬▬  ▬▬▬
▬ ▬▬▬▬  ▬▬▬▬▬▬  ▬▬▬▬ ▬▬▬▬▬▬  ▬▬▬  ▬▬▬▬▬  ▬▬▬▬  ▬▬▬
▬ ▬▬▬▬  ▬▬▬▬▬▬  ▬▬▬▬ ▬▬▬▬▬▬  ▬▬▬  ▬▬▬▬▬  ▬▬▬▬  ▬▬▬
▬ ▬▬▬▬  ▬▬▬▬▬▬  ▬▬▬▬ ▬▬▬▬▬▬  ▬▬▬  ▬▬▬▬▬  ▬▬▬▬  ▬▬▬
▬ ▬▬▬▬  ▬▬▬▬▬▬  ▬▬▬▬ ▬▬▬▬▬▬  ▬▬▬  ▬▬▬▬▬  ▬▬▬▬  ▬▬▬
▬▬▬ ▬▬ ▬▬▬▬▬▬▬▬ ▬▬▬▬
▬ ▬▬▬▬  ▬▬▬▬▬▬  ▬▬▬▬ ▬▬▬▬▬▬  ▬▬▬  ▬▬▬▬▬  ▬▬▬▬  ▬▬▬
▬ ▬▬▬▬  ▬▬▬▬▬▬  ▬▬▬▬ ▬▬▬▬▬▬  ▬▬▬  ▬▬▬▬▬  ▬▬▬▬  ▬▬▬
▬ ▬▬▬▬  ▬▬▬▬▬▬  ▬▬▬▬ ▬▬▬▬▬▬  ▬▬▬  ▬▬▬▬▬  ▬▬▬▬  ▬▬▬
▬ ▬▬▬▬  ▬▬▬▬▬▬  ▬▬▬▬ ▬▬▬▬▬▬  ▬▬▬  ▬▬▬▬▬  ▬▬▬▬  ▬▬▬
▬ ▬▬▬▬  ▬▬▬▬▬▬  ▬▬▬▬ ▬▬▬▬▬▬  ▬▬▬  ▬▬▬▬▬  ▬▬▬▬  ▬▬▬
▬ ▬▬▬▬  ▬▬▬▬▬▬  ▬▬▬▬ ▬▬▬▬▬▬  ▬▬▬  ▬▬▬▬▬  ▬▬▬▬  ▬▬▬
▬▬▬ ▬▬ ▬▬▬▬▬▬▬▬ ▬▬▬▬
▬ ▬▬▬▬  ▬▬▬▬▬▬  ▬▬▬▬ ▬▬▬▬▬▬  ▬▬▬  ▬▬▬▬▬  ▬▬▬▬  ▬▬▬
▬ ▬▬▬▬  ▬▬▬▬▬▬  ▬▬▬▬ ▬▬▬▬▬▬  ▬▬▬  ▬▬▬▬▬  ▬▬▬▬  ▬▬▬
▬ ▬▬▬▬  ▬▬▬▬▬▬  ▬▬▬▬ ▬▬▬▬▬▬  ▬▬▬  ▬▬▬▬▬  ▬▬▬▬  ▬▬▬
▬ ▬▬▬▬  ▬▬▬▬▬▬  ▬▬▬▬ ▬▬▬▬▬▬  ▬▬▬  ▬▬▬▬▬  ▬▬▬▬  ▬▬▬
▬ ▬▬▬▬  ▬▬▬▬▬▬  ▬▬▬▬ ▬▬▬▬▬▬  ▬▬▬  ▬▬▬▬▬  ▬▬▬▬  ▬▬▬
▬ ▬▬▬▬  ▬▬▬▬▬▬  ▬▬▬▬ ▬▬▬▬▬▬  ▬▬▬  ▬▬▬▬▬  ▬▬▬▬  ▬▬▬
▬▬▬ ▬▬ ▬▬▬▬▬▬▬▬ ▬▬▬▬
▬ ▬▬▬▬  ▬▬▬▬▬▬  ▬▬▬▬ ▬▬▬▬▬▬  ▬▬▬  ▬▬▬▬▬  ▬▬▬▬  ▬▬▬
▬ ▬▬▬▬  ▬▬▬▬▬▬  ▬▬▬▬ ▬▬▬▬▬▬  ▬▬▬  ▬▬▬▬▬  ▬▬▬▬  ▬▬▬
▬ ▬▬▬▬  ▬▬▬▬▬▬  ▬▬▬▬ ▬▬▬▬▬▬  ▬▬▬  ▬▬▬▬▬  ▬▬▬▬  ▬▬▬
▬ ▬▬▬▬  ▬▬▬▬▬▬  ▬▬▬▬ ▬▬▬▬▬▬  ▬▬▬  ▬▬▬▬▬  ▬▬▬▬  ▬▬▬
▬ ▬▬▬▬  ▬▬▬▬▬▬  ▬▬▬▬ ▬▬▬▬▬▬  ▬▬▬  ▬▬▬▬▬  ▬▬▬▬  ▬▬▬
▬ ▬▬▬▬  ▬▬▬▬▬▬  ▬▬▬▬ ▬▬▬▬▬▬  ▬▬▬  ▬▬▬▬▬  ▬▬▬▬  ▬▬▬
▬▬▬ ▬▬ ▬▬▬▬▬▬▬▬ ▬▬▬▬
▬ ▬▬▬▬  ▬▬▬▬▬▬  ▬▬▬▬ ▬▬▬▬▬▬  ▬▬▬  ▬▬▬▬▬  ▬▬▬▬  ▬▬▬
▬ ▬▬▬▬  ▬▬▬▬▬▬  ▬▬▬▬ ▬▬▬▬▬▬  ▬▬▬  ▬▬▬▬▬  ▬▬▬▬  ▬▬▬
▬ ▬▬▬▬  ▬▬▬▬▬▬  ▬▬▬▬ ▬▬▬▬▬▬  ▬▬▬  ▬▬▬▬▬  ▬▬▬▬  ▬▬▬
▬ ▬▬▬▬  ▬▬▬▬▬▬  ▬▬▬▬ ▬▬▬▬▬▬  ▬▬▬  ▬▬▬▬▬  ▬▬▬▬  ▬▬▬
▬ ▬▬▬▬  ▬▬▬▬▬▬  ▬▬▬▬ ▬▬▬▬▬▬  ▬▬▬  ▬▬▬▬▬  ▬▬▬▬  ▬▬▬
▬ ▬▬▬▬  ▬▬▬▬▬▬  ▬▬▬▬ ▬▬▬▬▬▬  ▬▬▬  ▬▬▬▬▬  ▬▬▬▬  ▬▬▬
▬▬▬ ▬▬ ▬▬▬▬▬▬▬▬ ▬▬▬▬
▬ ▬▬▬▬  ▬▬▬▬▬▬  ▬▬▬▬ ▬▬▬▬▬▬  ▬▬▬  ▬▬▬▬▬  ▬▬▬▬  ▬▬▬
▬ ▬▬▬▬  ▬▬▬▬▬▬  ▬▬▬▬ ▬▬▬▬▬▬  ▬▬▬  ▬▬▬▬▬  ▬▬▬▬  ▬▬▬
▬ ▬▬▬▬  ▬▬▬▬▬▬  ▬▬▬▬ ▬▬▬▬▬▬  ▬▬▬  ▬▬▬▬▬  ▬▬▬▬  ▬▬▬
▬ ▬▬▬▬  ▬▬▬▬▬▬  ▬▬▬▬ ▬▬▬▬▬▬  ▬▬▬  ▬▬▬▬▬  ▬▬▬▬  ▬▬▬
▬ ▬▬▬▬  ▬▬▬▬▬▬  ▬▬▬▬ ▬▬▬▬▬▬  ▬▬▬  ▬▬▬▬▬  ▬▬▬▬  ▬▬▬
▬ ▬▬▬▬  ▬▬▬▬▬▬  ▬▬▬▬ ▬▬▬▬▬▬  ▬▬▬  ▬▬▬▬▬  ▬▬▬▬  ▬▬▬
▬▬▬ ▬▬ ▬▬▬▬▬▬▬▬ ▬▬▬▬
▬ ▬▬▬▬  ▬▬▬▬▬▬  ▬▬▬▬ ▬▬▬▬▬▬  ▬▬▬  ▬▬▬▬▬  ▬▬▬▬  ▬▬▬
▬ ▬▬▬▬  ▬▬▬▬▬▬  ▬▬▬▬ ▬▬▬▬▬▬  ▬▬▬  ▬▬▬▬▬  ▬▬▬▬  ▬▬▬
▬ ▬▬▬▬  ▬▬▬▬▬▬  ▬▬▬▬ ▬▬▬▬▬▬  ▬▬▬  ▬▬▬▬▬  ▬▬▬▬  ▬▬▬
▬ ▬▬▬▬  ▬▬▬▬▬▬  ▬▬▬▬ ▬▬▬▬▬▬  ▬▬▬  ▬▬▬▬▬  ▬▬▬▬  ▬▬▬
▬ ▬▬▬▬  ▬▬▬▬▬▬  ▬▬▬▬ ▬▬▬▬▬▬  ▬▬▬  ▬▬▬▬▬  ▬▬▬▬  ▬▬▬
▬ ▬▬▬▬  ▬▬▬▬▬▬  ▬▬▬▬ ▬▬▬▬▬▬  ▬▬▬  ▬▬▬▬▬  ▬▬▬▬  ▬▬▬
▬▬▬ ▬▬ ▬▬▬▬▬▬▬▬ ▬▬▬▬
▬ ▬▬▬▬  ▬▬▬▬▬▬  ▬▬▬▬ ▬▬▬▬▬▬  ▬▬▬  ▬▬▬▬▬  ▬▬▬▬  ▬▬▬
▬ ▬▬▬▬  ▬▬▬▬▬▬  ▬▬▬▬ ▬▬▬▬▬▬  ▬▬▬  ▬▬▬▬▬  ▬▬▬▬  ▬▬▬
▬ ▬▬▬▬  ▬▬▬▬▬▬  ▬▬▬▬ ▬▬▬▬▬▬  ▬▬▬  ▬▬▬▬▬  ▬▬▬▬  ▬▬▬
第2页共9页
北京市丰台信鸽协会 2020年 秋季 满校成绩排名表
▬▬▬ ▬▬ ▬▬▬▬▬▬▬▬ ▬▬▬▬
▬ ▬▬▬▬  ▬▬▬▬▬▬  ▬▬▬▬ ▬▬▬▬▬▬  ▬▬▬  ▬▬▬▬▬  ▬▬▬▬  ▬▬▬
▬ ▬▬▬▬  ▬▬▬▬▬▬  ▬▬▬▬ ▬▬▬▬▬▬  ▬▬▬  ▬▬▬▬▬  ▬▬▬▬  ▬▬▬
▬ ▬▬▬▬  ▬▬▬▬▬▬  ▬▬▬▬ ▬▬▬▬▬▬  ▬▬▬  ▬▬▬▬▬  ▬▬▬▬  ▬▬▬
▬ ▬▬▬▬  ▬▬▬▬▬▬  ▬▬▬▬ ▬▬▬▬▬▬  ▬▬▬  ▬▬▬▬▬  ▬▬▬▬  ▬▬▬
▬ ▬▬▬▬  ▬▬▬▬▬▬  ▬▬▬▬ ▬▬▬▬▬▬  ▬▬▬  ▬▬▬▬▬  ▬▬▬▬  ▬▬▬
▬ ▬▬▬▬  ▬▬▬▬▬▬  ▬▬▬▬ ▬▬▬▬▬▬  ▬▬▬  ▬▬▬▬▬  ▬▬▬▬  ▬▬▬
▬▬▬ ▬▬ ▬▬▬▬▬▬▬▬ ▬▬▬▬
▬ ▬▬▬▬  ▬▬▬▬▬▬  ▬▬▬▬ ▬▬▬▬▬▬  ▬▬▬  ▬▬▬▬▬  ▬▬▬▬  ▬▬▬
▬ ▬▬▬▬  ▬▬▬▬▬▬  ▬▬▬▬ ▬▬▬▬▬▬  ▬▬▬  ▬▬▬▬▬  ▬▬▬▬  ▬▬▬
▬ ▬▬▬▬  ▬▬▬▬▬▬  ▬▬▬▬ ▬▬▬▬▬▬  ▬▬▬  ▬▬▬▬▬  ▬▬▬▬  ▬▬▬
▬ ▬▬▬▬  ▬▬▬▬▬▬  ▬▬▬▬ ▬▬▬▬▬▬  ▬▬▬  ▬▬▬▬▬  ▬▬▬▬  ▬▬▬
▬ ▬▬▬▬  ▬▬▬▬▬▬  ▬▬▬▬ ▬▬▬▬▬▬  ▬▬▬  ▬▬▬▬▬  ▬▬▬▬  ▬▬▬
▬ ▬▬▬▬  ▬▬▬▬▬▬  ▬▬▬▬ ▬▬▬▬▬▬  ▬▬▬  ▬▬▬▬▬  ▬▬▬▬  ▬▬▬
▬▬▬ ▬▬ ▬▬▬▬▬▬▬▬ ▬▬▬▬
▬ ▬▬▬▬  ▬▬▬▬▬▬  ▬▬▬▬ ▬▬▬▬▬▬  ▬▬▬  ▬▬▬▬▬  ▬▬▬▬  ▬▬▬
▬ ▬▬▬▬  ▬▬▬▬▬▬  ▬▬▬▬ ▬▬▬▬▬▬  ▬▬▬  ▬▬▬▬▬  ▬▬▬▬  ▬▬▬
▬ ▬▬▬▬  ▬▬▬▬▬▬  ▬▬▬▬ ▬▬▬▬▬▬  ▬▬▬  ▬▬▬▬▬  ▬▬▬▬  ▬▬▬
▬ ▬▬▬▬  ▬▬▬▬▬▬  ▬▬▬▬ ▬▬▬▬▬▬  ▬▬▬  ▬▬▬▬▬  ▬▬▬▬  ▬▬▬
▬ ▬▬▬▬  ▬▬▬▬▬▬  ▬▬▬▬ ▬▬▬▬▬▬  ▬▬▬  ▬▬▬▬▬  ▬▬▬▬  ▬▬▬
▬ ▬▬▬▬  ▬▬▬▬▬▬  ▬▬▬▬ ▬▬▬▬▬▬  ▬▬▬  ▬▬▬▬▬  ▬▬▬▬  ▬▬▬
▬▬▬ ▬▬ ▬▬▬▬▬▬▬▬ ▬▬▬▬
▬ ▬▬▬▬  ▬▬▬▬▬▬  ▬▬▬▬ ▬▬▬▬▬▬  ▬▬▬  ▬▬▬▬▬  ▬▬▬▬  ▬▬▬
▬ ▬▬▬▬  ▬▬▬▬▬▬  ▬▬▬▬ ▬▬▬▬▬▬  ▬▬▬  ▬▬▬▬▬  ▬▬▬▬  ▬▬▬
▬ ▬▬▬▬  ▬▬▬▬▬▬  ▬▬▬▬ ▬▬▬▬▬▬  ▬▬▬  ▬▬▬▬▬  ▬▬▬▬  ▬▬▬
▬ ▬▬▬▬  ▬▬▬▬▬▬  ▬▬▬▬ ▬▬▬▬▬▬  ▬▬▬  ▬▬▬▬▬  ▬▬▬▬  ▬▬▬
▬ ▬▬▬▬  ▬▬▬▬▬▬  ▬▬▬▬ ▬▬▬▬▬▬  ▬▬▬  ▬▬▬▬▬  ▬▬▬▬  ▬▬▬
▬ ▬▬▬▬  ▬▬▬▬▬▬  ▬▬▬▬ ▬▬▬▬▬▬  ▬▬▬  ▬▬▬▬▬  ▬▬▬▬  ▬▬▬
▬▬▬ ▬▬ ▬▬▬▬▬▬▬▬ ▬▬▬▬
▬ ▬▬▬▬  ▬▬▬▬▬▬  ▬▬▬▬ ▬▬▬▬▬▬  ▬▬▬  ▬▬▬▬▬  ▬▬▬▬  ▬▬▬
▬ ▬▬▬▬  ▬▬▬▬▬▬  ▬▬▬▬ ▬▬▬▬▬▬  ▬▬▬  ▬▬▬▬▬  ▬▬▬▬  ▬▬▬
▬ ▬▬▬▬  ▬▬▬▬▬▬  ▬▬▬▬ ▬▬▬▬▬▬  ▬▬▬  ▬▬▬▬▬  ▬▬▬▬  ▬▬▬
▬ ▬▬▬▬  ▬▬▬▬▬▬  ▬▬▬▬ ▬▬▬▬▬▬  ▬▬▬  ▬▬▬▬▬  ▬▬▬▬  ▬▬▬
▬ ▬▬▬▬  ▬▬▬▬▬▬  ▬▬▬▬ ▬▬▬▬▬▬  ▬▬▬  ▬▬▬▬▬  ▬▬▬▬  ▬▬▬
▬ ▬▬▬▬  ▬▬▬▬▬▬  ▬▬▬▬ ▬▬▬▬▬▬  ▬▬▬  ▬▬▬▬▬  ▬▬▬▬  ▬▬▬
▬▬▬ ▬▬ ▬▬▬▬▬▬▬▬ ▬▬▬▬
▬ ▬▬▬▬  ▬▬▬▬▬▬  ▬▬▬▬ ▬▬▬▬▬▬  ▬▬▬  ▬▬▬▬▬  ▬▬▬▬  ▬▬▬
▬ ▬▬▬▬  ▬▬▬▬▬▬  ▬▬▬▬ ▬▬▬▬▬▬  ▬▬▬  ▬▬▬▬▬  ▬▬▬▬  ▬▬▬
▬ ▬▬▬▬  ▬▬▬▬▬▬  ▬▬▬▬ ▬▬▬▬▬▬  ▬▬▬  ▬▬▬▬▬  ▬▬▬▬  ▬▬▬
▬ ▬▬▬▬  ▬▬▬▬▬▬  ▬▬▬▬ ▬▬▬▬▬▬  ▬▬▬  ▬▬▬▬▬  ▬▬▬▬  ▬▬▬
▬ ▬▬▬▬  ▬▬▬▬▬▬  ▬▬▬▬ ▬▬▬▬▬▬  ▬▬▬  ▬▬▬▬▬  ▬▬▬▬  ▬▬▬
▬ ▬▬▬▬  ▬▬▬▬▬▬  ▬▬▬▬ ▬▬▬▬▬▬  ▬▬▬  ▬▬▬▬▬  ▬▬▬▬  ▬▬▬
▬▬▬ ▬▬ ▬▬▬▬▬▬▬▬ ▬▬▬▬
▬ ▬▬▬▬  ▬▬▬▬▬▬  ▬▬▬▬ ▬▬▬▬▬▬  ▬▬▬  ▬▬▬▬▬  ▬▬▬▬  ▬▬▬
▬ ▬▬▬▬  ▬▬▬▬▬▬  ▬▬▬▬ ▬▬▬▬▬▬  ▬▬▬  ▬▬▬▬▬  ▬▬▬▬  ▬▬▬
▬ ▬▬▬▬  ▬▬▬▬▬▬  ▬▬▬▬ ▬▬▬▬▬▬  ▬▬▬  ▬▬▬▬▬  ▬▬▬▬  ▬▬▬
▬ ▬▬▬▬  ▬▬▬▬▬▬  ▬▬▬▬ ▬▬▬▬▬▬  ▬▬▬  ▬▬▬▬▬  ▬▬▬▬  ▬▬▬
▬ ▬▬▬▬  ▬▬▬▬▬▬  ▬▬▬▬ ▬▬▬▬▬▬  ▬▬▬  ▬▬▬▬▬  ▬▬▬▬  ▬▬▬
▬ ▬▬▬▬  ▬▬▬▬▬▬  ▬▬▬▬ ▬▬▬▬▬▬  ▬▬▬  ▬▬▬▬▬  ▬▬▬▬  ▬▬▬
▬▬▬ ▬▬ ▬▬▬▬▬▬▬▬ ▬▬▬▬
▬ ▬▬▬▬  ▬▬▬▬▬▬  ▬▬▬▬ ▬▬▬▬▬▬  ▬▬▬  ▬▬▬▬▬  ▬▬▬▬  ▬▬▬
▬ ▬▬▬▬  ▬▬▬▬▬▬  ▬▬▬▬ ▬▬▬▬▬▬  ▬▬▬  ▬▬▬▬▬  ▬▬▬▬  ▬▬▬
▬ ▬▬▬▬  ▬▬▬▬▬▬  ▬▬▬▬ ▬▬▬▬▬▬  ▬▬▬  ▬▬▬▬▬  ▬▬▬▬  ▬▬▬
▬ ▬▬▬▬  ▬▬▬▬▬▬  ▬▬▬▬ ▬▬▬▬▬▬  ▬▬▬  ▬▬▬▬▬  ▬▬▬▬  ▬▬▬
▬ ▬▬▬▬  ▬▬▬▬▬▬  ▬▬▬▬ ▬▬▬▬▬▬  ▬▬▬  ▬▬▬▬▬  ▬▬▬▬  ▬▬▬
▬ ▬▬▬▬  ▬▬▬▬▬▬  ▬▬▬▬ ▬▬▬▬▬▬  ▬▬▬  ▬▬▬▬▬  ▬▬▬▬  ▬▬▬
▬▬▬ ▬▬ ▬▬▬▬▬▬▬▬ ▬▬▬▬
▬ ▬▬▬▬  ▬▬▬▬▬▬  ▬▬▬▬ ▬▬▬▬▬▬  ▬▬▬  ▬▬▬▬▬  ▬▬▬▬  ▬▬▬
▬ ▬▬▬▬  ▬▬▬▬▬▬  ▬▬▬▬ ▬▬▬▬▬▬  ▬▬▬  ▬▬▬▬▬  ▬▬▬▬  ▬▬▬
▬ ▬▬▬▬  ▬▬▬▬▬▬  ▬▬▬▬ ▬▬▬▬▬▬  ▬▬▬  ▬▬▬▬▬  ▬▬▬▬  ▬▬▬
▬ ▬▬▬▬  ▬▬▬▬▬▬  ▬▬▬▬ ▬▬▬▬▬▬  ▬▬▬  ▬▬▬▬▬  ▬▬▬▬  ▬▬▬
▬ ▬▬▬▬  ▬▬▬▬▬▬  ▬▬▬▬ ▬▬▬▬▬▬  ▬▬▬  ▬▬▬▬▬  ▬▬▬▬  ▬▬▬
▬ ▬▬▬▬  ▬▬▬▬▬▬  ▬▬▬▬ ▬▬▬▬▬▬  ▬▬▬  ▬▬▬▬▬  ▬▬▬▬  ▬▬▬
▬▬▬ ▬▬ ▬▬▬▬▬▬▬▬ ▬▬▬▬
▬ ▬▬▬▬  ▬▬▬▬▬▬  ▬▬▬▬ ▬▬▬▬▬▬  ▬▬▬  ▬▬▬▬▬  ▬▬▬▬  ▬▬▬
▬ ▬▬▬▬  ▬▬▬▬▬▬  ▬▬▬▬ ▬▬▬▬▬▬  ▬▬▬  ▬▬▬▬▬  ▬▬▬▬  ▬▬▬
▬ ▬▬▬▬  ▬▬▬▬▬▬  ▬▬▬▬ ▬▬▬▬▬▬  ▬▬▬  ▬▬▬▬▬  ▬▬▬▬  ▬▬▬
▬ ▬▬▬▬  ▬▬▬▬▬▬  ▬▬▬▬ ▬▬▬▬▬▬  ▬▬▬  ▬▬▬▬▬  ▬▬▬▬  ▬▬▬
▬ ▬▬▬▬  ▬▬▬▬▬▬  ▬▬▬▬ ▬▬▬▬▬▬  ▬▬▬  ▬▬▬▬▬  ▬▬▬▬  ▬▬▬
▬ ▬▬▬▬  ▬▬▬▬▬▬  ▬▬▬▬ ▬▬▬▬▬▬  ▬▬▬  ▬▬▬▬▬  ▬▬▬▬  ▬▬▬
▬▬▬ ▬▬ ▬▬▬▬▬▬▬▬ ▬▬▬▬
▬ ▬▬▬▬  ▬▬▬▬▬▬  ▬▬▬▬ ▬▬▬▬▬▬  ▬▬▬  ▬▬▬▬▬  ▬▬▬▬  ▬▬▬
▬ ▬▬▬▬  ▬▬▬▬▬▬  ▬▬▬▬ ▬▬▬▬▬▬  ▬▬▬  ▬▬▬▬▬  ▬▬▬▬  ▬▬▬
▬ ▬▬▬▬  ▬▬▬▬▬▬  ▬▬▬▬ ▬▬▬▬▬▬  ▬▬▬  ▬▬▬▬▬  ▬▬▬▬  ▬▬▬
▬ ▬▬▬▬  ▬▬▬▬▬▬  ▬▬▬▬ ▬▬▬▬▬▬  ▬▬▬  ▬▬▬▬▬  ▬▬▬▬  ▬▬▬
▬ ▬▬▬▬  ▬▬▬▬▬▬  ▬▬▬▬ ▬▬▬▬▬▬  ▬▬▬  ▬▬▬▬▬  ▬▬▬▬  ▬▬▬
▬ ▬▬▬▬  ▬▬▬▬▬▬  ▬▬▬▬ ▬▬▬▬▬▬  ▬▬▬  ▬▬▬▬▬  ▬▬▬▬  ▬▬▬
▬▬▬ ▬▬ ▬▬▬▬▬▬▬▬ ▬▬▬▬
▬ ▬▬▬▬  ▬▬▬▬▬▬  ▬▬▬▬ ▬▬▬▬▬▬  ▬▬▬  ▬▬▬▬▬  ▬▬▬▬  ▬▬▬
▬ ▬▬▬▬  ▬▬▬▬▬▬  ▬▬▬▬ ▬▬▬▬▬▬  ▬▬▬  ▬▬▬▬▬  ▬▬▬▬  ▬▬▬
▬ ▬▬▬▬  ▬▬▬▬▬▬  ▬▬▬▬ ▬▬▬▬▬▬  ▬▬▬  ▬▬▬▬▬  ▬▬▬▬  ▬▬▬
▬ ▬▬▬▬  ▬▬▬▬▬▬  ▬▬▬▬ ▬▬▬▬▬▬  ▬▬▬  ▬▬▬▬▬  ▬▬▬▬  ▬▬▬
▬ ▬▬▬▬  ▬▬▬▬▬▬  ▬▬▬▬ ▬▬▬▬▬▬  ▬▬▬  ▬▬▬▬▬  ▬▬▬▬  ▬▬▬
▬ ▬▬▬▬  ▬▬▬▬▬▬  ▬▬▬▬ ▬▬▬▬▬▬  ▬▬▬  ▬▬▬▬▬  ▬▬▬▬  ▬▬▬
▬▬▬ ▬▬ ▬▬▬▬▬▬▬▬ ▬▬▬▬
▬ ▬▬▬▬  ▬▬▬▬▬▬  ▬▬▬▬ ▬▬▬▬▬▬  ▬▬▬  ▬▬▬▬▬  ▬▬▬▬  ▬▬▬
▬ ▬▬▬▬  ▬▬▬▬▬▬  ▬▬▬▬ ▬▬▬▬▬▬  ▬▬▬  ▬▬▬▬▬  ▬▬▬▬  ▬▬▬
▬ ▬▬▬▬  ▬▬▬▬▬▬  ▬▬▬▬ ▬▬▬▬▬▬  ▬▬▬  ▬▬▬▬▬  ▬▬▬▬  ▬▬▬
▬ ▬▬▬▬  ▬▬▬▬▬▬  ▬▬▬▬ ▬▬▬▬▬▬  ▬▬▬  ▬▬▬▬▬  ▬▬▬▬  ▬▬▬
▬ ▬▬▬▬  ▬▬▬▬▬▬  ▬▬▬▬ ▬▬▬▬▬▬  ▬▬▬  ▬▬▬▬▬  ▬▬▬▬  ▬▬▬
▬ ▬▬▬▬  ▬▬▬▬▬▬  ▬▬▬▬ ▬▬▬▬▬▬  ▬▬▬  ▬▬▬▬▬  ▬▬▬▬  ▬▬▬
▬▬▬ ▬▬ ▬▬▬▬▬▬▬▬ ▬▬▬▬
▬ ▬▬▬▬  ▬▬▬▬▬▬  ▬▬▬▬ ▬▬▬▬▬▬  ▬▬▬  ▬▬▬▬▬  ▬▬▬▬  ▬▬▬
▬ ▬▬▬▬  ▬▬▬▬▬▬  ▬▬▬▬ ▬▬▬▬▬▬  ▬▬▬  ▬▬▬▬▬  ▬▬▬▬  ▬▬▬
▬ ▬▬▬▬  ▬▬▬▬▬▬  ▬▬▬▬ ▬▬▬▬▬▬  ▬▬▬  ▬▬▬▬▬  ▬▬▬▬  ▬▬▬
▬ ▬▬▬▬  ▬▬▬▬▬▬  ▬▬▬▬ ▬▬▬▬▬▬  ▬▬▬  ▬▬▬▬▬  ▬▬▬▬  ▬▬▬
▬ ▬▬▬▬  ▬▬▬▬▬▬  ▬▬▬▬ ▬▬▬▬▬▬  ▬▬▬  ▬▬▬▬▬  ▬▬▬▬  ▬▬▬
▬ ▬▬▬▬  ▬▬▬▬▬▬  ▬▬▬▬ ▬▬▬▬▬▬  ▬▬▬  ▬▬▬▬▬  ▬▬▬▬  ▬▬▬
▬▬▬ ▬▬ ▬▬▬▬▬▬▬▬ ▬▬▬▬
▬ ▬▬▬▬  ▬▬▬▬▬▬  ▬▬▬▬ ▬▬▬▬▬▬  ▬▬▬  ▬▬▬▬▬  ▬▬▬▬  ▬▬▬
▬ ▬▬▬▬  ▬▬▬▬▬▬  ▬▬▬▬ ▬▬▬▬▬▬  ▬▬▬  ▬▬▬▬▬  ▬▬▬▬  ▬▬▬
▬ ▬▬▬▬  ▬▬▬▬▬▬  ▬▬▬▬ ▬▬▬▬▬▬  ▬▬▬  ▬▬▬▬▬  ▬▬▬▬  ▬▬▬
▬ ▬▬▬▬  ▬▬▬▬▬▬  ▬▬▬▬ ▬▬▬▬▬▬  ▬▬▬  ▬▬▬▬▬  ▬▬▬▬  ▬▬▬
▬ ▬▬▬▬  ▬▬▬▬▬▬  ▬▬▬▬ ▬▬▬▬▬▬  ▬▬▬  ▬▬▬▬▬  ▬▬▬▬  ▬▬▬
▬ ▬▬▬▬  ▬▬▬▬▬▬  ▬▬▬▬ ▬▬▬▬▬▬  ▬▬▬  ▬▬▬▬▬  ▬▬▬▬  ▬▬▬
▬▬▬ ▬▬ ▬▬▬▬▬▬▬▬ ▬▬▬▬
▬ ▬▬▬▬  ▬▬▬▬▬▬  ▬▬▬▬ ▬▬▬▬▬▬  ▬▬▬  ▬▬▬▬▬  ▬▬▬▬  ▬▬▬
▬ ▬▬▬▬  ▬▬▬▬▬▬  ▬▬▬▬ ▬▬▬▬▬▬  ▬▬▬  ▬▬▬▬▬  ▬▬▬▬  ▬▬▬
▬ ▬▬▬▬  ▬▬▬▬▬▬  ▬▬▬▬ ▬▬▬▬▬▬  ▬▬▬  ▬▬▬▬▬  ▬▬▬▬  ▬▬▬
▬ ▬▬▬▬  ▬▬▬▬▬▬  ▬▬▬▬ ▬▬▬▬▬▬  ▬▬▬  ▬▬▬▬▬  ▬▬▬▬  ▬▬▬
▬ ▬▬▬▬  ▬▬▬▬▬▬  ▬▬▬▬ ▬▬▬▬▬▬  ▬▬▬  ▬▬▬▬▬  ▬▬▬▬  ▬▬▬
▬ ▬▬▬▬  ▬▬▬▬▬▬  ▬▬▬▬ ▬▬▬▬▬▬  ▬▬▬  ▬▬▬▬▬  ▬▬▬▬  ▬▬▬
▬▬▬ ▬▬ ▬▬▬▬▬▬▬▬ ▬▬▬▬
▬ ▬▬▬▬  ▬▬▬▬▬▬  ▬▬▬▬ ▬▬▬▬▬▬  ▬▬▬  ▬▬▬▬▬  ▬▬▬▬  ▬▬▬
▬ ▬▬▬▬  ▬▬▬▬▬▬  ▬▬▬▬ ▬▬▬▬▬▬  ▬▬▬  ▬▬▬▬▬  ▬▬▬▬  ▬▬▬
▬ ▬▬▬▬  ▬▬▬▬▬▬  ▬▬▬▬ ▬▬▬▬▬▬  ▬▬▬  ▬▬▬▬▬  ▬▬▬▬  ▬▬▬
▬ ▬▬▬▬  ▬▬▬▬▬▬  ▬▬▬▬ ▬▬▬▬▬▬  ▬▬▬  ▬▬▬▬▬  ▬▬▬▬  ▬▬▬
▬ ▬▬▬▬  ▬▬▬▬▬▬  ▬▬▬▬ ▬▬▬▬▬▬  ▬▬▬  ▬▬▬▬▬  ▬▬▬▬  ▬▬▬
▬ ▬▬▬▬  ▬▬▬▬▬▬  ▬▬▬▬ ▬▬▬▬▬▬  ▬▬▬  ▬▬▬▬▬  ▬▬▬▬  ▬▬▬
▬▬▬ ▬▬ ▬▬▬▬▬▬▬▬ ▬▬▬▬
▬ ▬▬▬▬  ▬▬▬▬▬▬  ▬▬▬▬ ▬▬▬▬▬▬  ▬▬▬  ▬▬▬▬▬  ▬▬▬▬  ▬▬▬
▬ ▬▬▬▬  ▬▬▬▬▬▬  ▬▬▬▬ ▬▬▬▬▬▬  ▬▬▬  ▬▬▬▬▬  ▬▬▬▬  ▬▬▬
▬ ▬▬▬▬  ▬▬▬▬▬▬  ▬▬▬▬ ▬▬▬▬▬▬  ▬▬▬  ▬▬▬▬▬  ▬▬▬▬  ▬▬▬
▬ ▬▬▬▬  ▬▬▬▬▬▬  ▬▬▬▬ ▬▬▬▬▬▬  ▬▬▬  ▬▬▬▬▬  ▬▬▬▬  ▬▬▬
▬ ▬▬▬▬  ▬▬▬▬▬▬  ▬▬▬▬ ▬▬▬▬▬▬  ▬▬▬  ▬▬▬▬▬  ▬▬▬▬  ▬▬▬
▬ ▬▬▬▬  ▬▬▬▬▬▬  ▬▬▬▬ ▬▬▬▬▬▬  ▬▬▬  ▬▬▬▬▬  ▬▬▬▬  ▬▬▬
▬▬▬ ▬▬ ▬▬▬▬▬▬▬▬ ▬▬▬▬
▬ ▬▬▬▬  ▬▬▬▬▬▬  ▬▬▬▬ ▬▬▬▬▬▬  ▬▬▬  ▬▬▬▬▬  ▬▬▬▬  ▬▬▬
▬ ▬▬▬▬  ▬▬▬▬▬▬  ▬▬▬▬ ▬▬▬▬▬▬  ▬▬▬  ▬▬▬▬▬  ▬▬▬▬  ▬▬▬
▬ ▬▬▬▬  ▬▬▬▬▬▬  ▬▬▬▬ ▬▬▬▬▬▬  ▬▬▬  ▬▬▬▬▬  ▬▬▬▬  ▬▬▬
▬ ▬▬▬▬  ▬▬▬▬▬▬  ▬▬▬▬ ▬▬▬▬▬▬  ▬▬▬  ▬▬▬▬▬  ▬▬▬▬  ▬▬▬
▬ ▬▬▬▬  ▬▬▬▬▬▬  ▬▬▬▬ ▬▬▬▬▬▬  ▬▬▬  ▬▬▬▬▬  ▬▬▬▬  ▬▬▬
▬ ▬▬▬▬  ▬▬▬▬▬▬  ▬▬▬▬ ▬▬▬▬▬▬  ▬▬▬  ▬▬▬▬▬  ▬▬▬▬  ▬▬▬
▬▬▬ ▬▬ ▬▬▬▬▬▬▬▬ ▬▬▬▬
▬ ▬▬▬▬  ▬▬▬▬▬▬  ▬▬▬▬ ▬▬▬▬▬▬  ▬▬▬  ▬▬▬▬▬  ▬▬▬▬  ▬▬▬
▬ ▬▬▬▬  ▬▬▬▬▬▬  ▬▬▬▬ ▬▬▬▬▬▬  ▬▬▬  ▬▬▬▬▬  ▬▬▬▬  ▬▬▬
▬ ▬▬▬▬  ▬▬▬▬▬▬  ▬▬▬▬ ▬▬▬▬▬▬  ▬▬▬  ▬▬▬▬▬  ▬▬▬▬  ▬▬▬
▬ ▬▬▬▬  ▬▬▬▬▬▬  ▬▬▬▬ ▬▬▬▬▬▬  ▬▬▬  ▬▬▬▬▬  ▬▬▬▬  ▬▬▬
▬ ▬▬▬▬  ▬▬▬▬▬▬  ▬▬▬▬ ▬▬▬▬▬▬  ▬▬▬  ▬▬▬▬▬  ▬▬▬▬  ▬▬▬
▬ ▬▬▬▬  ▬▬▬▬▬▬  ▬▬▬▬ ▬▬▬▬▬▬  ▬▬▬  ▬▬▬▬▬  ▬▬▬▬  ▬▬▬
▬▬▬ ▬▬ ▬▬▬▬▬▬▬▬ ▬▬▬▬
▬ ▬▬▬▬  ▬▬▬▬▬▬  ▬▬▬▬ ▬▬▬▬▬▬  ▬▬▬  ▬▬▬▬▬  ▬▬▬▬  ▬▬▬
▬ ▬▬▬▬  ▬▬▬▬▬▬  ▬▬▬▬ ▬▬▬▬▬▬  ▬▬▬  ▬▬▬▬▬  ▬▬▬▬  ▬▬▬
▬ ▬▬▬▬  ▬▬▬▬▬▬  ▬▬▬▬ ▬▬▬▬▬▬  ▬▬▬  ▬▬▬▬▬  ▬▬▬▬  ▬▬▬
▬ ▬▬▬▬  ▬▬▬▬▬▬  ▬▬▬▬ ▬▬▬▬▬▬  ▬▬▬  ▬▬▬▬▬  ▬▬▬▬  ▬▬▬
▬ ▬▬▬▬  ▬▬▬▬▬▬  ▬▬▬▬ ▬▬▬▬▬▬  ▬▬▬  ▬▬▬▬▬  ▬▬▬▬  ▬▬▬
▬ ▬▬▬▬  ▬▬▬▬▬▬  ▬▬▬▬ ▬▬▬▬▬▬  ▬▬▬  ▬▬▬▬▬  ▬▬▬▬  ▬▬▬
▬▬▬ ▬▬ ▬▬▬▬▬▬▬▬ ▬▬▬▬
▬ ▬▬▬▬  ▬▬▬▬▬▬  ▬▬▬▬ ▬▬▬▬▬▬  ▬▬▬  ▬▬▬▬▬  ▬▬▬▬  ▬▬▬
▬ ▬▬▬▬  ▬▬▬▬▬▬  ▬▬▬▬ ▬▬▬▬▬▬  ▬▬▬  ▬▬▬▬▬  ▬▬▬▬  ▬▬▬
▬ ▬▬▬▬  ▬▬▬▬▬▬  ▬▬▬▬ ▬▬▬▬▬▬  ▬▬▬  ▬▬▬▬▬  ▬▬▬▬  ▬▬▬
第3页共9页
北京市丰台信鸽协会 2020年 秋季 满校成绩排名表
▬▬▬ ▬▬ ▬▬▬▬▬▬▬▬ ▬▬▬▬
▬ ▬▬▬▬  ▬▬▬▬▬▬  ▬▬▬▬ ▬▬▬▬▬▬  ▬▬▬  ▬▬▬▬▬  ▬▬▬▬  ▬▬▬
▬ ▬▬▬▬  ▬▬▬▬▬▬  ▬▬▬▬ ▬▬▬▬▬▬  ▬▬▬  ▬▬▬▬▬  ▬▬▬▬  ▬▬▬
▬ ▬▬▬▬  ▬▬▬▬▬▬  ▬▬▬▬ ▬▬▬▬▬▬  ▬▬▬  ▬▬▬▬▬  ▬▬▬▬  ▬▬▬
▬ ▬▬▬▬  ▬▬▬▬▬▬  ▬▬▬▬ ▬▬▬▬▬▬  ▬▬▬  ▬▬▬▬▬  ▬▬▬▬  ▬▬▬
▬ ▬▬▬▬  ▬▬▬▬▬▬  ▬▬▬▬ ▬▬▬▬▬▬  ▬▬▬  ▬▬▬▬▬  ▬▬▬▬  ▬▬▬
▬ ▬▬▬▬  ▬▬▬▬▬▬  ▬▬▬▬ ▬▬▬▬▬▬  ▬▬▬  ▬▬▬▬▬  ▬▬▬▬  ▬▬▬
▬▬▬ ▬▬ ▬▬▬▬▬▬▬▬ ▬▬▬▬
▬ ▬▬▬▬  ▬▬▬▬▬▬  ▬▬▬▬ ▬▬▬▬▬▬  ▬▬▬  ▬▬▬▬▬  ▬▬▬▬  ▬▬▬
▬ ▬▬▬▬  ▬▬▬▬▬▬  ▬▬▬▬ ▬▬▬▬▬▬  ▬▬▬  ▬▬▬▬▬  ▬▬▬▬  ▬▬▬
▬ ▬▬▬▬  ▬▬▬▬▬▬  ▬▬▬▬ ▬▬▬▬▬▬  ▬▬▬  ▬▬▬▬▬  ▬▬▬▬  ▬▬▬
▬ ▬▬▬▬  ▬▬▬▬▬▬  ▬▬▬▬ ▬▬▬▬▬▬  ▬▬▬  ▬▬▬▬▬  ▬▬▬▬  ▬▬▬
▬ ▬▬▬▬  ▬▬▬▬▬▬  ▬▬▬▬ ▬▬▬▬▬▬  ▬▬▬  ▬▬▬▬▬  ▬▬▬▬  ▬▬▬
▬ ▬▬▬▬  ▬▬▬▬▬▬  ▬▬▬▬ ▬▬▬▬▬▬  ▬▬▬  ▬▬▬▬▬  ▬▬▬▬  ▬▬▬
▬▬▬ ▬▬ ▬▬▬▬▬▬▬▬ ▬▬▬▬
▬ ▬▬▬▬  ▬▬▬▬▬▬  ▬▬▬▬ ▬▬▬▬▬▬  ▬▬▬  ▬▬▬▬▬  ▬▬▬▬  ▬▬▬
▬ ▬▬▬▬  ▬▬▬▬▬▬  ▬▬▬▬ ▬▬▬▬▬▬  ▬▬▬  ▬▬▬▬▬  ▬▬▬▬  ▬▬▬
▬ ▬▬▬▬  ▬▬▬▬▬▬  ▬▬▬▬ ▬▬▬▬▬▬  ▬▬▬  ▬▬▬▬▬  ▬▬▬▬  ▬▬▬
▬ ▬▬▬▬  ▬▬▬▬▬▬  ▬▬▬▬ ▬▬▬▬▬▬  ▬▬▬  ▬▬▬▬▬  ▬▬▬▬  ▬▬▬
▬ ▬▬▬▬  ▬▬▬▬▬▬  ▬▬▬▬ ▬▬▬▬▬▬  ▬▬▬  ▬▬▬▬▬  ▬▬▬▬  ▬▬▬
▬ ▬▬▬▬  ▬▬▬▬▬▬  ▬▬▬▬ ▬▬▬▬▬▬  ▬▬▬  ▬▬▬▬▬  ▬▬▬▬  ▬▬▬
▬▬▬ ▬▬ ▬▬▬▬▬▬▬▬ ▬▬▬▬
▬ ▬▬▬▬  ▬▬▬▬▬▬  ▬▬▬▬ ▬▬▬▬▬▬  ▬▬▬  ▬▬▬▬▬  ▬▬▬▬  ▬▬▬
▬ ▬▬▬▬  ▬▬▬▬▬▬  ▬▬▬▬ ▬▬▬▬▬▬  ▬▬▬  ▬▬▬▬▬  ▬▬▬▬  ▬▬▬
▬ ▬▬▬▬  ▬▬▬▬▬▬  ▬▬▬▬ ▬▬▬▬▬▬  ▬▬▬  ▬▬▬▬▬  ▬▬▬▬  ▬▬▬
▬ ▬▬▬▬  ▬▬▬▬▬▬  ▬▬▬▬ ▬▬▬▬▬▬  ▬▬▬  ▬▬▬▬▬  ▬▬▬▬  ▬▬▬
▬ ▬▬▬▬  ▬▬▬▬▬▬  ▬▬▬▬ ▬▬▬▬▬▬  ▬▬▬  ▬▬▬▬▬  ▬▬▬▬  ▬▬▬
▬ ▬▬▬▬  ▬▬▬▬▬▬  ▬▬▬▬ ▬▬▬▬▬▬  ▬▬▬  ▬▬▬▬▬  ▬▬▬▬  ▬▬▬
▬▬▬ ▬▬ ▬▬▬▬▬▬▬▬ ▬▬▬▬
▬ ▬▬▬▬  ▬▬▬▬▬▬  ▬▬▬▬ ▬▬▬▬▬▬  ▬▬▬  ▬▬▬▬▬  ▬▬▬▬  ▬▬▬
▬ ▬▬▬▬  ▬▬▬▬▬▬  ▬▬▬▬ ▬▬▬▬▬▬  ▬▬▬  ▬▬▬▬▬  ▬▬▬▬  ▬▬▬
▬ ▬▬▬▬  ▬▬▬▬▬▬  ▬▬▬▬ ▬▬▬▬▬▬  ▬▬▬  ▬▬▬▬▬  ▬▬▬▬  ▬▬▬
▬ ▬▬▬▬  ▬▬▬▬▬▬  ▬▬▬▬ ▬▬▬▬▬▬  ▬▬▬  ▬▬▬▬▬  ▬▬▬▬  ▬▬▬
▬ ▬▬▬▬  ▬▬▬▬▬▬  ▬▬▬▬ ▬▬▬▬▬▬  ▬▬▬  ▬▬▬▬▬  ▬▬▬▬  ▬▬▬
▬ ▬▬▬▬  ▬▬▬▬▬▬  ▬▬▬▬ ▬▬▬▬▬▬  ▬▬▬  ▬▬▬▬▬  ▬▬▬▬  ▬▬▬
▬▬▬ ▬▬ ▬▬▬▬▬▬▬▬ ▬▬▬▬
▬ ▬▬▬▬  ▬▬▬▬▬▬  ▬▬▬▬ ▬▬▬▬▬▬  ▬▬▬  ▬▬▬▬▬  ▬▬▬▬  ▬▬▬
▬ ▬▬▬▬  ▬▬▬▬▬▬  ▬▬▬▬ ▬▬▬▬▬▬  ▬▬▬  ▬▬▬▬▬  ▬▬▬▬  ▬▬▬
▬ ▬▬▬▬  ▬▬▬▬▬▬  ▬▬▬▬ ▬▬▬▬▬▬  ▬▬▬  ▬▬▬▬▬  ▬▬▬▬  ▬▬▬
▬ ▬▬▬▬  ▬▬▬▬▬▬  ▬▬▬▬ ▬▬▬▬▬▬  ▬▬▬  ▬▬▬▬▬  ▬▬▬▬  ▬▬▬
▬ ▬▬▬▬  ▬▬▬▬▬▬  ▬▬▬▬ ▬▬▬▬▬▬  ▬▬▬  ▬▬▬▬▬  ▬▬▬▬  ▬▬▬
▬ ▬▬▬▬  ▬▬▬▬▬▬  ▬▬▬▬ ▬▬▬▬▬▬  ▬▬▬  ▬▬▬▬▬  ▬▬▬▬  ▬▬▬
▬▬▬ ▬▬ ▬▬▬▬▬▬▬▬ ▬▬▬▬
▬ ▬▬▬▬  ▬▬▬▬▬▬  ▬▬▬▬ ▬▬▬▬▬▬  ▬▬▬  ▬▬▬▬▬  ▬▬▬▬  ▬▬▬
▬ ▬▬▬▬  ▬▬▬▬▬▬  ▬▬▬▬ ▬▬▬▬▬▬  ▬▬▬  ▬▬▬▬▬  ▬▬▬▬  ▬▬▬
▬ ▬▬▬▬  ▬▬▬▬▬▬  ▬▬▬▬ ▬▬▬▬▬▬  ▬▬▬  ▬▬▬▬▬  ▬▬▬▬  ▬▬▬
▬ ▬▬▬▬  ▬▬▬▬▬▬  ▬▬▬▬ ▬▬▬▬▬▬  ▬▬▬  ▬▬▬▬▬  ▬▬▬▬  ▬▬▬
▬ ▬▬▬▬  ▬▬▬▬▬▬  ▬▬▬▬ ▬▬▬▬▬▬  ▬▬▬  ▬▬▬▬▬  ▬▬▬▬  ▬▬▬
▬ ▬▬▬▬  ▬▬▬▬▬▬  ▬▬▬▬ ▬▬▬▬▬▬  ▬▬▬  ▬▬▬▬▬  ▬▬▬▬  ▬▬▬
▬▬▬ ▬▬ ▬▬▬▬▬▬▬▬ ▬▬▬▬
▬ ▬▬▬▬  ▬▬▬▬▬▬  ▬▬▬▬ ▬▬▬▬▬▬  ▬▬▬  ▬▬▬▬▬  ▬▬▬▬  ▬▬▬
▬ ▬▬▬▬  ▬▬▬▬▬▬  ▬▬▬▬ ▬▬▬▬▬▬  ▬▬▬  ▬▬▬▬▬  ▬▬▬▬  ▬▬▬
▬ ▬▬▬▬  ▬▬▬▬▬▬  ▬▬▬▬ ▬▬▬▬▬▬  ▬▬▬  ▬▬▬▬▬  ▬▬▬▬  ▬▬▬
▬ ▬▬▬▬  ▬▬▬▬▬▬  ▬▬▬▬ ▬▬▬▬▬▬  ▬▬▬  ▬▬▬▬▬  ▬▬▬▬  ▬▬▬
▬ ▬▬▬▬  ▬▬▬▬▬▬  ▬▬▬▬ ▬▬▬▬▬▬  ▬▬▬  ▬▬▬▬▬  ▬▬▬▬  ▬▬▬
▬ ▬▬▬▬  ▬▬▬▬▬▬  ▬▬▬▬ ▬▬▬▬▬▬  ▬▬▬  ▬▬▬▬▬  ▬▬▬▬  ▬▬▬
▬▬▬ ▬▬ ▬▬▬▬▬▬▬▬ ▬▬▬▬
▬ ▬▬▬▬  ▬▬▬▬▬▬  ▬▬▬▬ ▬▬▬▬▬▬  ▬▬▬  ▬▬▬▬▬  ▬▬▬▬  ▬▬▬
▬ ▬▬▬▬  ▬▬▬▬▬▬  ▬▬▬▬ ▬▬▬▬▬▬  ▬▬▬  ▬▬▬▬▬  ▬▬▬▬  ▬▬▬
▬ ▬▬▬▬  ▬▬▬▬▬▬  ▬▬▬▬ ▬▬▬▬▬▬  ▬▬▬  ▬▬▬▬▬  ▬▬▬▬  ▬▬▬
▬ ▬▬▬▬  ▬▬▬▬▬▬  ▬▬▬▬ ▬▬▬▬▬▬  ▬▬▬  ▬▬▬▬▬  ▬▬▬▬  ▬▬▬
▬ ▬▬▬▬  ▬▬▬▬▬▬  ▬▬▬▬ ▬▬▬▬▬▬  ▬▬▬  ▬▬▬▬▬  ▬▬▬▬  ▬▬▬
▬ ▬▬▬▬  ▬▬▬▬▬▬  ▬▬▬▬ ▬▬▬▬▬▬  ▬▬▬  ▬▬▬▬▬  ▬▬▬▬  ▬▬▬
▬▬▬ ▬▬ ▬▬▬▬▬▬▬▬ ▬▬▬▬
▬ ▬▬▬▬  ▬▬▬▬▬▬  ▬▬▬▬ ▬▬▬▬▬▬  ▬▬▬  ▬▬▬▬▬  ▬▬▬▬  ▬▬▬
▬ ▬▬▬▬  ▬▬▬▬▬▬  ▬▬▬▬ ▬▬▬▬▬▬  ▬▬▬  ▬▬▬▬▬  ▬▬▬▬  ▬▬▬
▬ ▬▬▬▬  ▬▬▬▬▬▬  ▬▬▬▬ ▬▬▬▬▬▬  ▬▬▬  ▬▬▬▬▬  ▬▬▬▬  ▬▬▬
▬ ▬▬▬▬  ▬▬▬▬▬▬  ▬▬▬▬ ▬▬▬▬▬▬  ▬▬▬  ▬▬▬▬▬  ▬▬▬▬  ▬▬▬
▬ ▬▬▬▬  ▬▬▬▬▬▬  ▬▬▬▬ ▬▬▬▬▬▬  ▬▬▬  ▬▬▬▬▬  ▬▬▬▬  ▬▬▬
▬ ▬▬▬▬  ▬▬▬▬▬▬  ▬▬▬▬ ▬▬▬▬▬▬  ▬▬▬  ▬▬▬▬▬  ▬▬▬▬  ▬▬▬
▬▬▬ ▬▬ ▬▬▬▬▬▬▬▬ ▬▬▬▬
▬ ▬▬▬▬  ▬▬▬▬▬▬  ▬▬▬▬ ▬▬▬▬▬▬  ▬▬▬  ▬▬▬▬▬  ▬▬▬▬  ▬▬▬
▬ ▬▬▬▬  ▬▬▬▬▬▬  ▬▬▬▬ ▬▬▬▬▬▬  ▬▬▬  ▬▬▬▬▬  ▬▬▬▬  ▬▬▬
▬ ▬▬▬▬  ▬▬▬▬▬▬  ▬▬▬▬ ▬▬▬▬▬▬  ▬▬▬  ▬▬▬▬▬  ▬▬▬▬  ▬▬▬
▬ ▬▬▬▬  ▬▬▬▬▬▬  ▬▬▬▬ ▬▬▬▬▬▬  ▬▬▬  ▬▬▬▬▬  ▬▬▬▬  ▬▬▬
▬ ▬▬▬▬  ▬▬▬▬▬▬  ▬▬▬▬ ▬▬▬▬▬▬  ▬▬▬  ▬▬▬▬▬  ▬▬▬▬  ▬▬▬
▬ ▬▬▬▬  ▬▬▬▬▬▬  ▬▬▬▬ ▬▬▬▬▬▬  ▬▬▬  ▬▬▬▬▬  ▬▬▬▬  ▬▬▬
▬▬▬ ▬▬ ▬▬▬▬▬▬▬▬ ▬▬▬▬
▬ ▬▬▬▬  ▬▬▬▬▬▬  ▬▬▬▬ ▬▬▬▬▬▬  ▬▬▬  ▬▬▬▬▬  ▬▬▬▬  ▬▬▬
▬ ▬▬▬▬  ▬▬▬▬▬▬  ▬▬▬▬ ▬▬▬▬▬▬  ▬▬▬  ▬▬▬▬▬  ▬▬▬▬  ▬▬▬
▬ ▬▬▬▬  ▬▬▬▬▬▬  ▬▬▬▬ ▬▬▬▬▬▬  ▬▬▬  ▬▬▬▬▬  ▬▬▬▬  ▬▬▬
▬ ▬▬▬▬  ▬▬▬▬▬▬  ▬▬▬▬ ▬▬▬▬▬▬  ▬▬▬  ▬▬▬▬▬  ▬▬▬▬  ▬▬▬
▬ ▬▬▬▬  ▬▬▬▬▬▬  ▬▬▬▬ ▬▬▬▬▬▬  ▬▬▬  ▬▬▬▬▬  ▬▬▬▬  ▬▬▬
▬ ▬▬▬▬  ▬▬▬▬▬▬  ▬▬▬▬ ▬▬▬▬▬▬  ▬▬▬  ▬▬▬▬▬  ▬▬▬▬  ▬▬▬
▬▬▬ ▬▬ ▬▬▬▬▬▬▬▬ ▬▬▬▬
▬ ▬▬▬▬  ▬▬▬▬▬▬  ▬▬▬▬ ▬▬▬▬▬▬  ▬▬▬  ▬▬▬▬▬  ▬▬▬▬  ▬▬▬
▬ ▬▬▬▬  ▬▬▬▬▬▬  ▬▬▬▬ ▬▬▬▬▬▬  ▬▬▬  ▬▬▬▬▬  ▬▬▬▬  ▬▬▬
▬ ▬▬▬▬  ▬▬▬▬▬▬  ▬▬▬▬ ▬▬▬▬▬▬  ▬▬▬  ▬▬▬▬▬  ▬▬▬▬  ▬▬▬
▬ ▬▬▬▬  ▬▬▬▬▬▬  ▬▬▬▬ ▬▬▬▬▬▬  ▬▬▬  ▬▬▬▬▬  ▬▬▬▬  ▬▬▬
▬ ▬▬▬▬  ▬▬▬▬▬▬  ▬▬▬▬ ▬▬▬▬▬▬  ▬▬▬  ▬▬▬▬▬  ▬▬▬▬  ▬▬▬
▬ ▬▬▬▬  ▬▬▬▬▬▬  ▬▬▬▬ ▬▬▬▬▬▬  ▬▬▬  ▬▬▬▬▬  ▬▬▬▬  ▬▬▬
▬▬▬ ▬▬ ▬▬▬▬▬▬▬▬ ▬▬▬▬
▬ ▬▬▬▬  ▬▬▬▬▬▬  ▬▬▬▬ ▬▬▬▬▬▬  ▬▬▬  ▬▬▬▬▬  ▬▬▬▬  ▬▬▬
▬ ▬▬▬▬  ▬▬▬▬▬▬  ▬▬▬▬ ▬▬▬▬▬▬  ▬▬▬  ▬▬▬▬▬  ▬▬▬▬  ▬▬▬
▬ ▬▬▬▬  ▬▬▬▬▬▬  ▬▬▬▬ ▬▬▬▬▬▬  ▬▬▬  ▬▬▬▬▬  ▬▬▬▬  ▬▬▬
▬ ▬▬▬▬  ▬▬▬▬▬▬  ▬▬▬▬ ▬▬▬▬▬▬  ▬▬▬  ▬▬▬▬▬  ▬▬▬▬  ▬▬▬
▬ ▬▬▬▬  ▬▬▬▬▬▬  ▬▬▬▬ ▬▬▬▬▬▬  ▬▬▬  ▬▬▬▬▬  ▬▬▬▬  ▬▬▬
▬ ▬▬▬▬  ▬▬▬▬▬▬  ▬▬▬▬ ▬▬▬▬▬▬  ▬▬▬  ▬▬▬▬▬  ▬▬▬▬  ▬▬▬
▬▬▬ ▬▬ ▬▬▬▬▬▬▬▬ ▬▬▬▬
▬ ▬▬▬▬  ▬▬▬▬▬▬  ▬▬▬▬ ▬▬▬▬▬▬  ▬▬▬  ▬▬▬▬▬  ▬▬▬▬  ▬▬▬
▬ ▬▬▬▬  ▬▬▬▬▬▬  ▬▬▬▬ ▬▬▬▬▬▬  ▬▬▬  ▬▬▬▬▬  ▬▬▬▬  ▬▬▬
▬ ▬▬▬▬  ▬▬▬▬▬▬  ▬▬▬▬ ▬▬▬▬▬▬  ▬▬▬  ▬▬▬▬▬  ▬▬▬▬  ▬▬▬
▬ ▬▬▬▬  ▬▬▬▬▬▬  ▬▬▬▬ ▬▬▬▬▬▬  ▬▬▬  ▬▬▬▬▬  ▬▬▬▬  ▬▬▬
▬ ▬▬▬▬  ▬▬▬▬▬▬  ▬▬▬▬ ▬▬▬▬▬▬  ▬▬▬  ▬▬▬▬▬  ▬▬▬▬  ▬▬▬
▬ ▬▬▬▬  ▬▬▬▬▬▬  ▬▬▬▬ ▬▬▬▬▬▬  ▬▬▬  ▬▬▬▬▬  ▬▬▬▬  ▬▬▬
▬▬▬ ▬▬ ▬▬▬▬▬▬▬▬ ▬▬▬▬
▬ ▬▬▬▬  ▬▬▬▬▬▬  ▬▬▬▬ ▬▬▬▬▬▬  ▬▬▬  ▬▬▬▬▬  ▬▬▬▬  ▬▬▬
▬ ▬▬▬▬  ▬▬▬▬▬▬  ▬▬▬▬ ▬▬▬▬▬▬  ▬▬▬  ▬▬▬▬▬  ▬▬▬▬  ▬▬▬
▬ ▬▬▬▬  ▬▬▬▬▬▬  ▬▬▬▬ ▬▬▬▬▬▬  ▬▬▬  ▬▬▬▬▬  ▬▬▬▬  ▬▬▬
▬ ▬▬▬▬  ▬▬▬▬▬▬  ▬▬▬▬ ▬▬▬▬▬▬  ▬▬▬  ▬▬▬▬▬  ▬▬▬▬  ▬▬▬
▬ ▬▬▬▬  ▬▬▬▬▬▬  ▬▬▬▬ ▬▬▬▬▬▬  ▬▬▬  ▬▬▬▬▬  ▬▬▬▬  ▬▬▬
▬ ▬▬▬▬  ▬▬▬▬▬▬  ▬▬▬▬ ▬▬▬▬▬▬  ▬▬▬  ▬▬▬▬▬  ▬▬▬▬  ▬▬▬
▬▬▬ ▬▬ ▬▬▬▬▬▬▬▬ ▬▬▬▬
▬ ▬▬▬▬  ▬▬▬▬▬▬  ▬▬▬▬ ▬▬▬▬▬▬  ▬▬▬  ▬▬▬▬▬  ▬▬▬▬  ▬▬▬
▬ ▬▬▬▬  ▬▬▬▬▬▬  ▬▬▬▬ ▬▬▬▬▬▬  ▬▬▬  ▬▬▬▬▬  ▬▬▬▬  ▬▬▬
▬ ▬▬▬▬  ▬▬▬▬▬▬  ▬▬▬▬ ▬▬▬▬▬▬  ▬▬▬  ▬▬▬▬▬  ▬▬▬▬  ▬▬▬
▬ ▬▬▬▬  ▬▬▬▬▬▬  ▬▬▬▬ ▬▬▬▬▬▬  ▬▬▬  ▬▬▬▬▬  ▬▬▬▬  ▬▬▬
▬ ▬▬▬▬  ▬▬▬▬▬▬  ▬▬▬▬ ▬▬▬▬▬▬  ▬▬▬  ▬▬▬▬▬  ▬▬▬▬  ▬▬▬
▬ ▬▬▬▬  ▬▬▬▬▬▬  ▬▬▬▬ ▬▬▬▬▬▬  ▬▬▬  ▬▬▬▬▬  ▬▬▬▬  ▬▬▬
▬▬▬ ▬▬ ▬▬▬▬▬▬▬▬ ▬▬▬▬
▬ ▬▬▬▬  ▬▬▬▬▬▬  ▬▬▬▬ ▬▬▬▬▬▬  ▬▬▬  ▬▬▬▬▬  ▬▬▬▬  ▬▬▬
▬ ▬▬▬▬  ▬▬▬▬▬▬  ▬▬▬▬ ▬▬▬▬▬▬  ▬▬▬  ▬▬▬▬▬  ▬▬▬▬  ▬▬▬
▬ ▬▬▬▬  ▬▬▬▬▬▬  ▬▬▬▬ ▬▬▬▬▬▬  ▬▬▬  ▬▬▬▬▬  ▬▬▬▬  ▬▬▬
▬ ▬▬▬▬  ▬▬▬▬▬▬  ▬▬▬▬ ▬▬▬▬▬▬  ▬▬▬  ▬▬▬▬▬  ▬▬▬▬  ▬▬▬
▬ ▬▬▬▬  ▬▬▬▬▬▬  ▬▬▬▬ ▬▬▬▬▬▬  ▬▬▬  ▬▬▬▬▬  ▬▬▬▬  ▬▬▬
▬ ▬▬▬▬  ▬▬▬▬▬▬  ▬▬▬▬ ▬▬▬▬▬▬  ▬▬▬  ▬▬▬▬▬  ▬▬▬▬  ▬▬▬
▬▬▬ ▬▬ ▬▬▬▬▬▬▬▬ ▬▬▬▬
▬ ▬▬▬▬  ▬▬▬▬▬▬  ▬▬▬▬ ▬▬▬▬▬▬  ▬▬▬  ▬▬▬▬▬  ▬▬▬▬  ▬▬▬
▬ ▬▬▬▬  ▬▬▬▬▬▬  ▬▬▬▬ ▬▬▬▬▬▬  ▬▬▬  ▬▬▬▬▬  ▬▬▬▬  ▬▬▬
▬ ▬▬▬▬  ▬▬▬▬▬▬  ▬▬▬▬ ▬▬▬▬▬▬  ▬▬▬  ▬▬▬▬▬  ▬▬▬▬  ▬▬▬
▬ ▬▬▬▬  ▬▬▬▬▬▬  ▬▬▬▬ ▬▬▬▬▬▬  ▬▬▬  ▬▬▬▬▬  ▬▬▬▬  ▬▬▬
▬ ▬▬▬▬  ▬▬▬▬▬▬  ▬▬▬▬ ▬▬▬▬▬▬  ▬▬▬  ▬▬▬▬▬  ▬▬▬▬  ▬▬▬
▬ ▬▬▬▬  ▬▬▬▬▬▬  ▬▬▬▬ ▬▬▬▬▬▬  ▬▬▬  ▬▬▬▬▬  ▬▬▬▬  ▬▬▬
▬▬▬ ▬▬ ▬▬▬▬▬▬▬▬ ▬▬▬▬
▬ ▬▬▬▬  ▬▬▬▬▬▬  ▬▬▬▬ ▬▬▬▬▬▬  ▬▬▬  ▬▬▬▬▬  ▬▬▬▬  ▬▬▬
▬ ▬▬▬▬  ▬▬▬▬▬▬  ▬▬▬▬ ▬▬▬▬▬▬  ▬▬▬  ▬▬▬▬▬  ▬▬▬▬  ▬▬▬
▬ ▬▬▬▬  ▬▬▬▬▬▬  ▬▬▬▬ ▬▬▬▬▬▬  ▬▬▬  ▬▬▬▬▬  ▬▬▬▬  ▬▬▬
▬ ▬▬▬▬  ▬▬▬▬▬▬  ▬▬▬▬ ▬▬▬▬▬▬  ▬▬▬  ▬▬▬▬▬  ▬▬▬▬  ▬▬▬
▬ ▬▬▬▬  ▬▬▬▬▬▬  ▬▬▬▬ ▬▬▬▬▬▬  ▬▬▬  ▬▬▬▬▬  ▬▬▬▬  ▬▬▬
▬ ▬▬▬▬  ▬▬▬▬▬▬  ▬▬▬▬ ▬▬▬▬▬▬  ▬▬▬  ▬▬▬▬▬  ▬▬▬▬  ▬▬▬
▬▬▬ ▬▬ ▬▬▬▬▬▬▬▬ ▬▬▬▬
▬ ▬▬▬▬  ▬▬▬▬▬▬  ▬▬▬▬ ▬▬▬▬▬▬  ▬▬▬  ▬▬▬▬▬  ▬▬▬▬  ▬▬▬
▬ ▬▬▬▬  ▬▬▬▬▬▬  ▬▬▬▬ ▬▬▬▬▬▬  ▬▬▬  ▬▬▬▬▬  ▬▬▬▬  ▬▬▬
▬ ▬▬▬▬  ▬▬▬▬▬▬  ▬▬▬▬ ▬▬▬▬▬▬  ▬▬▬  ▬▬▬▬▬  ▬▬▬▬  ▬▬▬
▬ ▬▬▬▬  ▬▬▬▬▬▬  ▬▬▬▬ ▬▬▬▬▬▬  ▬▬▬  ▬▬▬▬▬  ▬▬▬▬  ▬▬▬
▬ ▬▬▬▬  ▬▬▬▬▬▬  ▬▬▬▬ ▬▬▬▬▬▬  ▬▬▬  ▬▬▬▬▬  ▬▬▬▬  ▬▬▬
▬ ▬▬▬▬  ▬▬▬▬▬▬  ▬▬▬▬ ▬▬▬▬▬▬  ▬▬▬  ▬▬▬▬▬  ▬▬▬▬  ▬▬▬
▬▬▬ ▬▬ ▬▬▬▬▬▬▬▬ ▬▬▬▬
▬ ▬▬▬▬  ▬▬▬▬▬▬  ▬▬▬▬ ▬▬▬▬▬▬  ▬▬▬  ▬▬▬▬▬  ▬▬▬▬  ▬▬▬
▬ ▬▬▬▬  ▬▬▬▬▬▬  ▬▬▬▬ ▬▬▬▬▬▬  ▬▬▬  ▬▬▬▬▬  ▬▬▬▬  ▬▬▬
▬ ▬▬▬▬  ▬▬▬▬▬▬  ▬▬▬▬ ▬▬▬▬▬▬  ▬▬▬  ▬▬▬▬▬  ▬▬▬▬  ▬▬▬
第4页共9页
北京市丰台信鸽协会 2020年 秋季 满校成绩排名表
▬▬▬ ▬▬ ▬▬▬▬▬▬▬▬ ▬▬▬▬
▬ ▬▬▬▬  ▬▬▬▬▬▬  ▬▬▬▬ ▬▬▬▬▬▬  ▬▬▬  ▬▬▬▬▬  ▬▬▬▬  ▬▬▬
▬ ▬▬▬▬  ▬▬▬▬▬▬  ▬▬▬▬ ▬▬▬▬▬▬  ▬▬▬  ▬▬▬▬▬  ▬▬▬▬  ▬▬▬
▬ ▬▬▬▬  ▬▬▬▬▬▬  ▬▬▬▬ ▬▬▬▬▬▬  ▬▬▬  ▬▬▬▬▬  ▬▬▬▬  ▬▬▬
▬ ▬▬▬▬  ▬▬▬▬▬▬  ▬▬▬▬ ▬▬▬▬▬▬  ▬▬▬  ▬▬▬▬▬  ▬▬▬▬  ▬▬▬
▬ ▬▬▬▬  ▬▬▬▬▬▬  ▬▬▬▬ ▬▬▬▬▬▬  ▬▬▬  ▬▬▬▬▬  ▬▬▬▬  ▬▬▬
▬ ▬▬▬▬  ▬▬▬▬▬▬  ▬▬▬▬ ▬▬▬▬▬▬  ▬▬▬  ▬▬▬▬▬  ▬▬▬▬  ▬▬▬
▬▬▬ ▬▬ ▬▬▬▬▬▬▬▬ ▬▬▬▬
▬ ▬▬▬▬  ▬▬▬▬▬▬  ▬▬▬▬ ▬▬▬▬▬▬  ▬▬▬  ▬▬▬▬▬  ▬▬▬▬  ▬▬▬
▬ ▬▬▬▬  ▬▬▬▬▬▬  ▬▬▬▬ ▬▬▬▬▬▬  ▬▬▬  ▬▬▬▬▬  ▬▬▬▬  ▬▬▬
▬ ▬▬▬▬  ▬▬▬▬▬▬  ▬▬▬▬ ▬▬▬▬▬▬  ▬▬▬  ▬▬▬▬▬  ▬▬▬▬  ▬▬▬
▬ ▬▬▬▬  ▬▬▬▬▬▬  ▬▬▬▬ ▬▬▬▬▬▬  ▬▬▬  ▬▬▬▬▬  ▬▬▬▬  ▬▬▬
▬ ▬▬▬▬  ▬▬▬▬▬▬  ▬▬▬▬ ▬▬▬▬▬▬  ▬▬▬  ▬▬▬▬▬  ▬▬▬▬  ▬▬▬
▬ ▬▬▬▬  ▬▬▬▬▬▬  ▬▬▬▬ ▬▬▬▬▬▬  ▬▬▬  ▬▬▬▬▬  ▬▬▬▬  ▬▬▬
▬▬▬ ▬▬ ▬▬▬▬▬▬▬▬ ▬▬▬▬
▬ ▬▬▬▬  ▬▬▬▬▬▬  ▬▬▬▬ ▬▬▬▬▬▬  ▬▬▬  ▬▬▬▬▬  ▬▬▬▬  ▬▬▬
▬ ▬▬▬▬  ▬▬▬▬▬▬  ▬▬▬▬ ▬▬▬▬▬▬  ▬▬▬  ▬▬▬▬▬  ▬▬▬▬  ▬▬▬
▬ ▬▬▬▬  ▬▬▬▬▬▬  ▬▬▬▬ ▬▬▬▬▬▬  ▬▬▬  ▬▬▬▬▬  ▬▬▬▬  ▬▬▬
▬ ▬▬▬▬  ▬▬▬▬▬▬  ▬▬▬▬ ▬▬▬▬▬▬  ▬▬▬  ▬▬▬▬▬  ▬▬▬▬  ▬▬▬
▬ ▬▬▬▬  ▬▬▬▬▬▬  ▬▬▬▬ ▬▬▬▬▬▬  ▬▬▬  ▬▬▬▬▬  ▬▬▬▬  ▬▬▬
▬ ▬▬▬▬  ▬▬▬▬▬▬  ▬▬▬▬ ▬▬▬▬▬▬  ▬▬▬  ▬▬▬▬▬  ▬▬▬▬  ▬▬▬
▬▬▬ ▬▬ ▬▬▬▬▬▬▬▬ ▬▬▬▬
▬ ▬▬▬▬  ▬▬▬▬▬▬  ▬▬▬▬ ▬▬▬▬▬▬  ▬▬▬  ▬▬▬▬▬  ▬▬▬▬  ▬▬▬
▬ ▬▬▬▬  ▬▬▬▬▬▬  ▬▬▬▬ ▬▬▬▬▬▬  ▬▬▬  ▬▬▬▬▬  ▬▬▬▬  ▬▬▬
▬ ▬▬▬▬  ▬▬▬▬▬▬  ▬▬▬▬ ▬▬▬▬▬▬  ▬▬▬  ▬▬▬▬▬  ▬▬▬▬  ▬▬▬
▬ ▬▬▬▬  ▬▬▬▬▬▬  ▬▬▬▬ ▬▬▬▬▬▬  ▬▬▬  ▬▬▬▬▬  ▬▬▬▬  ▬▬▬
▬ ▬▬▬▬  ▬▬▬▬▬▬  ▬▬▬▬ ▬▬▬▬▬▬  ▬▬▬  ▬▬▬▬▬  ▬▬▬▬  ▬▬▬
▬ ▬▬▬▬  ▬▬▬▬▬▬  ▬▬▬▬ ▬▬▬▬▬▬  ▬▬▬  ▬▬▬▬▬  ▬▬▬▬  ▬▬▬
▬▬▬ ▬▬ ▬▬▬▬▬▬▬▬ ▬▬▬▬
